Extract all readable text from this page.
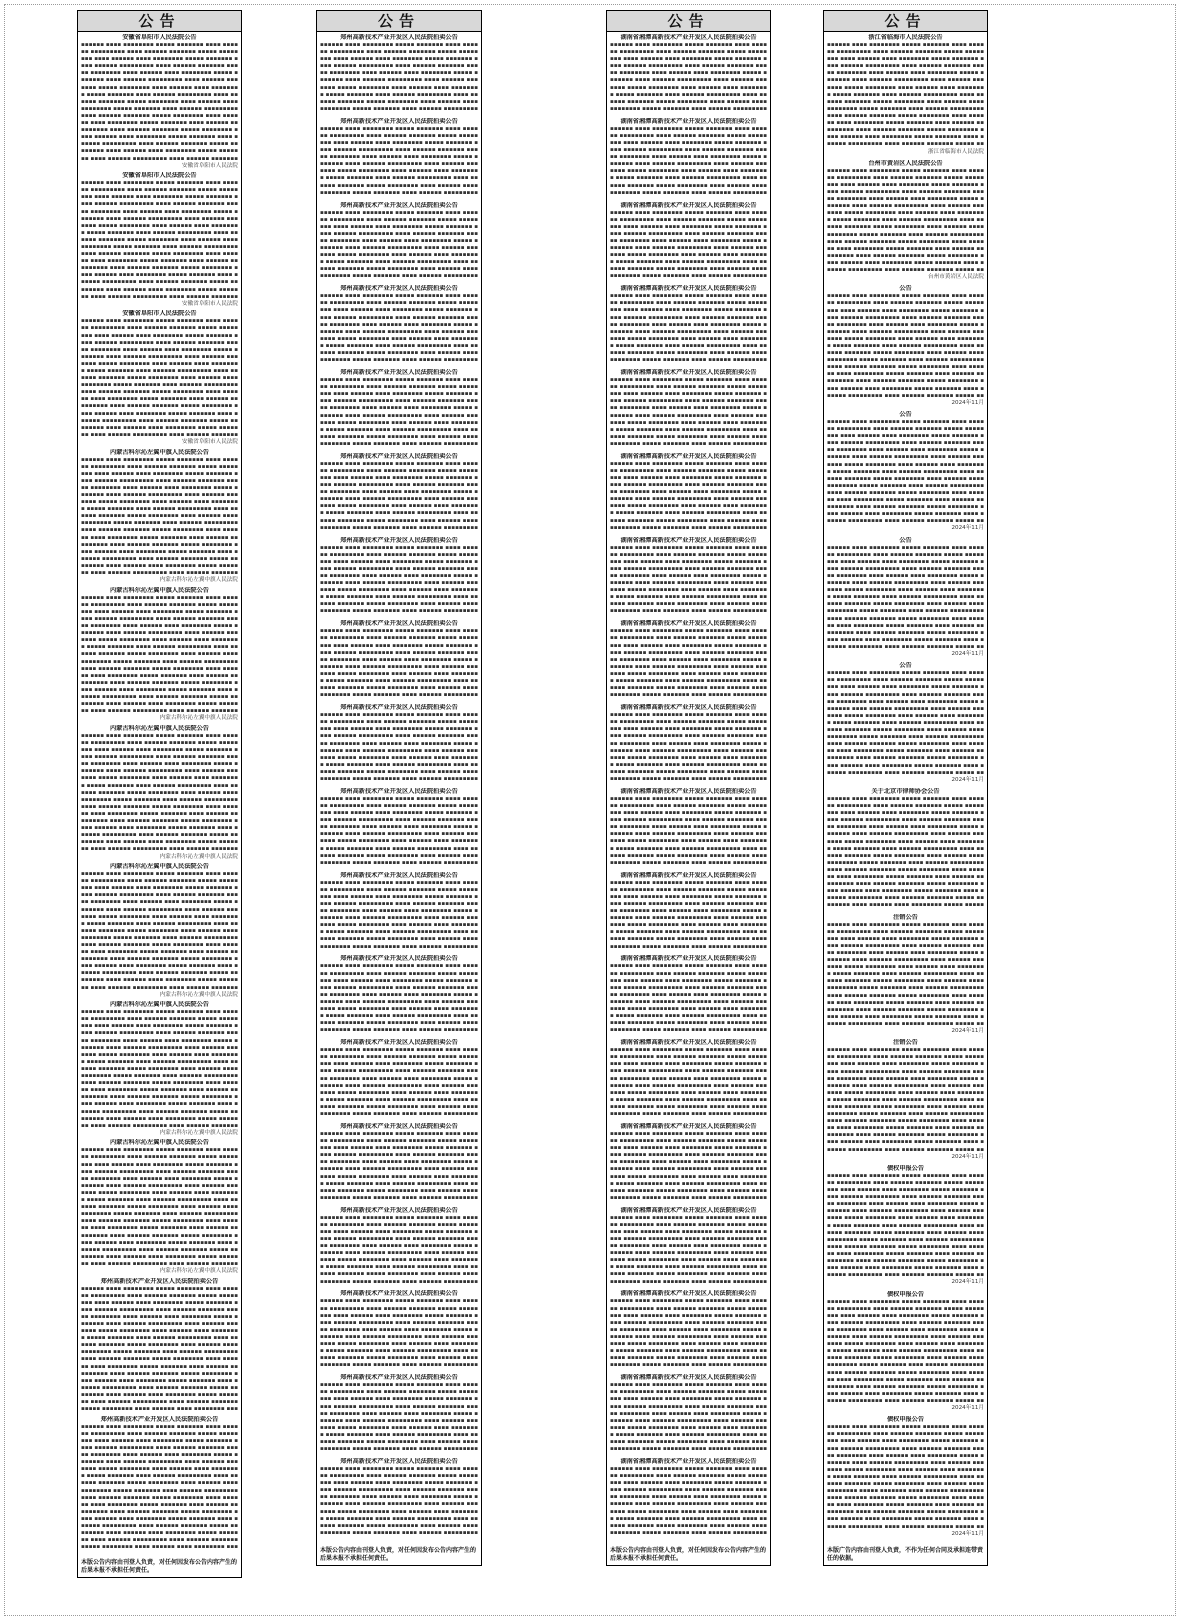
公告
安徽省阜阳市人民法院公告
▪▪▪▪▪▪ ▪▪▪▪ ▪▪▪▪▪▪▪▪ ▪▪▪▪▪ ▪▪▪▪▪▪▪ ▪▪▪▪ ▪▪▪▪▪▪ ▪▪▪▪▪▪▪▪▪ ▪▪▪▪ ▪▪▪▪▪▪ ▪▪▪▪▪▪▪ ▪▪▪▪▪ ▪▪▪▪▪▪▪▪ ▪▪▪▪ ▪▪▪▪▪▪ ▪▪▪▪ ▪▪▪▪▪▪▪▪ ▪▪▪▪▪ ▪▪▪▪▪▪▪ ▪▪▪▪ ▪▪▪▪▪▪ ▪▪▪▪▪▪▪▪▪ ▪▪▪▪ ▪▪▪▪▪▪ ▪▪▪▪▪▪▪ ▪▪▪▪▪ ▪▪▪▪▪▪▪▪ ▪▪▪▪ ▪▪▪▪▪▪ ▪▪▪▪ ▪▪▪▪▪▪▪▪ ▪▪▪▪▪ ▪▪▪▪▪▪▪ ▪▪▪▪ ▪▪▪▪▪▪ ▪▪▪▪▪▪▪▪▪ ▪▪▪▪ ▪▪▪▪▪▪ ▪▪▪▪▪▪▪ ▪▪▪▪▪ ▪▪▪▪▪▪▪▪ ▪▪▪▪ ▪▪▪▪▪▪ ▪▪▪▪ ▪▪▪▪▪▪▪▪ ▪▪▪▪▪ ▪▪▪▪▪▪▪ ▪▪▪▪ ▪▪▪▪▪▪ ▪▪▪▪▪▪▪▪▪ ▪▪▪▪ ▪▪▪▪▪▪ ▪▪▪▪▪▪▪ ▪▪▪▪▪ ▪▪▪▪▪▪▪▪ ▪▪▪▪ ▪▪▪▪▪▪ ▪▪▪▪ ▪▪▪▪▪▪▪▪ ▪▪▪▪▪ ▪▪▪▪▪▪▪ ▪▪▪▪ ▪▪▪▪▪▪ ▪▪▪▪▪▪▪▪▪ ▪▪▪▪ ▪▪▪▪▪▪ ▪▪▪▪▪▪▪ ▪▪▪▪▪ ▪▪▪▪▪▪▪▪ ▪▪▪▪ ▪▪▪▪▪▪ ▪▪▪▪ ▪▪▪▪▪▪▪▪ ▪▪▪▪▪ ▪▪▪▪▪▪▪ ▪▪▪▪ ▪▪▪▪▪▪ ▪▪▪▪▪▪▪▪▪ ▪▪▪▪ ▪▪▪▪▪▪ ▪▪▪▪▪▪▪ ▪▪▪▪▪ ▪▪▪▪▪▪▪▪ ▪▪▪▪ ▪▪▪▪▪▪ ▪▪▪▪ ▪▪▪▪▪▪▪▪ ▪▪▪▪▪ ▪▪▪▪▪▪▪ ▪▪▪▪ ▪▪▪▪▪▪ ▪▪▪▪▪▪▪▪▪ ▪▪▪▪ ▪▪▪▪▪▪ ▪▪▪▪▪▪▪ ▪▪▪▪▪ ▪▪▪▪▪▪▪▪ ▪▪▪▪ ▪▪▪▪▪▪ ▪▪▪▪ ▪▪▪▪▪▪▪▪ ▪▪▪▪▪ ▪▪▪▪▪▪▪ ▪▪▪▪ ▪▪▪▪▪▪ ▪▪▪▪▪▪▪▪▪ ▪▪▪▪ ▪▪▪▪▪▪ ▪▪▪▪▪▪▪
安徽省阜阳市人民法院
安徽省阜阳市人民法院公告
▪▪▪▪▪▪ ▪▪▪▪ ▪▪▪▪▪▪▪▪ ▪▪▪▪▪ ▪▪▪▪▪▪▪ ▪▪▪▪ ▪▪▪▪▪▪ ▪▪▪▪▪▪▪▪▪ ▪▪▪▪ ▪▪▪▪▪▪ ▪▪▪▪▪▪▪ ▪▪▪▪▪ ▪▪▪▪▪▪▪▪ ▪▪▪▪ ▪▪▪▪▪▪ ▪▪▪▪ ▪▪▪▪▪▪▪▪ ▪▪▪▪▪ ▪▪▪▪▪▪▪ ▪▪▪▪ ▪▪▪▪▪▪ ▪▪▪▪▪▪▪▪▪ ▪▪▪▪ ▪▪▪▪▪▪ ▪▪▪▪▪▪▪ ▪▪▪▪▪ ▪▪▪▪▪▪▪▪ ▪▪▪▪ ▪▪▪▪▪▪ ▪▪▪▪ ▪▪▪▪▪▪▪▪ ▪▪▪▪▪ ▪▪▪▪▪▪▪ ▪▪▪▪ ▪▪▪▪▪▪ ▪▪▪▪▪▪▪▪▪ ▪▪▪▪ ▪▪▪▪▪▪ ▪▪▪▪▪▪▪ ▪▪▪▪▪ ▪▪▪▪▪▪▪▪ ▪▪▪▪ ▪▪▪▪▪▪ ▪▪▪▪ ▪▪▪▪▪▪▪▪ ▪▪▪▪▪ ▪▪▪▪▪▪▪ ▪▪▪▪ ▪▪▪▪▪▪ ▪▪▪▪▪▪▪▪▪ ▪▪▪▪ ▪▪▪▪▪▪ ▪▪▪▪▪▪▪ ▪▪▪▪▪ ▪▪▪▪▪▪▪▪ ▪▪▪▪ ▪▪▪▪▪▪ ▪▪▪▪ ▪▪▪▪▪▪▪▪ ▪▪▪▪▪ ▪▪▪▪▪▪▪ ▪▪▪▪ ▪▪▪▪▪▪ ▪▪▪▪▪▪▪▪▪ ▪▪▪▪ ▪▪▪▪▪▪ ▪▪▪▪▪▪▪ ▪▪▪▪▪ ▪▪▪▪▪▪▪▪ ▪▪▪▪ ▪▪▪▪▪▪ ▪▪▪▪ ▪▪▪▪▪▪▪▪ ▪▪▪▪▪ ▪▪▪▪▪▪▪ ▪▪▪▪ ▪▪▪▪▪▪ ▪▪▪▪▪▪▪▪▪ ▪▪▪▪ ▪▪▪▪▪▪ ▪▪▪▪▪▪▪ ▪▪▪▪▪ ▪▪▪▪▪▪▪▪ ▪▪▪▪ ▪▪▪▪▪▪ ▪▪▪▪ ▪▪▪▪▪▪▪▪ ▪▪▪▪▪ ▪▪▪▪▪▪▪ ▪▪▪▪ ▪▪▪▪▪▪ ▪▪▪▪▪▪▪▪▪ ▪▪▪▪ ▪▪▪▪▪▪ ▪▪▪▪▪▪▪ ▪▪▪▪▪ ▪▪▪▪▪▪▪▪ ▪▪▪▪ ▪▪▪▪▪▪ ▪▪▪▪ ▪▪▪▪▪▪▪▪ ▪▪▪▪▪ ▪▪▪▪▪▪▪ ▪▪▪▪ ▪▪▪▪▪▪ ▪▪▪▪▪▪▪▪▪ ▪▪▪▪ ▪▪▪▪▪▪ ▪▪▪▪▪▪▪
安徽省阜阳市人民法院
安徽省阜阳市人民法院公告
▪▪▪▪▪▪ ▪▪▪▪ ▪▪▪▪▪▪▪▪ ▪▪▪▪▪ ▪▪▪▪▪▪▪ ▪▪▪▪ ▪▪▪▪▪▪ ▪▪▪▪▪▪▪▪▪ ▪▪▪▪ ▪▪▪▪▪▪ ▪▪▪▪▪▪▪ ▪▪▪▪▪ ▪▪▪▪▪▪▪▪ ▪▪▪▪ ▪▪▪▪▪▪ ▪▪▪▪ ▪▪▪▪▪▪▪▪ ▪▪▪▪▪ ▪▪▪▪▪▪▪ ▪▪▪▪ ▪▪▪▪▪▪ ▪▪▪▪▪▪▪▪▪ ▪▪▪▪ ▪▪▪▪▪▪ ▪▪▪▪▪▪▪ ▪▪▪▪▪ ▪▪▪▪▪▪▪▪ ▪▪▪▪ ▪▪▪▪▪▪ ▪▪▪▪ ▪▪▪▪▪▪▪▪ ▪▪▪▪▪ ▪▪▪▪▪▪▪ ▪▪▪▪ ▪▪▪▪▪▪ ▪▪▪▪▪▪▪▪▪ ▪▪▪▪ ▪▪▪▪▪▪ ▪▪▪▪▪▪▪ ▪▪▪▪▪ ▪▪▪▪▪▪▪▪ ▪▪▪▪ ▪▪▪▪▪▪ ▪▪▪▪ ▪▪▪▪▪▪▪▪ ▪▪▪▪▪ ▪▪▪▪▪▪▪ ▪▪▪▪ ▪▪▪▪▪▪ ▪▪▪▪▪▪▪▪▪ ▪▪▪▪ ▪▪▪▪▪▪ ▪▪▪▪▪▪▪ ▪▪▪▪▪ ▪▪▪▪▪▪▪▪ ▪▪▪▪ ▪▪▪▪▪▪ ▪▪▪▪ ▪▪▪▪▪▪▪▪ ▪▪▪▪▪ ▪▪▪▪▪▪▪ ▪▪▪▪ ▪▪▪▪▪▪ ▪▪▪▪▪▪▪▪▪ ▪▪▪▪ ▪▪▪▪▪▪ ▪▪▪▪▪▪▪ ▪▪▪▪▪ ▪▪▪▪▪▪▪▪ ▪▪▪▪ ▪▪▪▪▪▪ ▪▪▪▪ ▪▪▪▪▪▪▪▪ ▪▪▪▪▪ ▪▪▪▪▪▪▪ ▪▪▪▪ ▪▪▪▪▪▪ ▪▪▪▪▪▪▪▪▪ ▪▪▪▪ ▪▪▪▪▪▪ ▪▪▪▪▪▪▪ ▪▪▪▪▪ ▪▪▪▪▪▪▪▪ ▪▪▪▪ ▪▪▪▪▪▪ ▪▪▪▪ ▪▪▪▪▪▪▪▪ ▪▪▪▪▪ ▪▪▪▪▪▪▪ ▪▪▪▪ ▪▪▪▪▪▪ ▪▪▪▪▪▪▪▪▪ ▪▪▪▪ ▪▪▪▪▪▪ ▪▪▪▪▪▪▪ ▪▪▪▪▪ ▪▪▪▪▪▪▪▪ ▪▪▪▪ ▪▪▪▪▪▪ ▪▪▪▪ ▪▪▪▪▪▪▪▪ ▪▪▪▪▪ ▪▪▪▪▪▪▪ ▪▪▪▪ ▪▪▪▪▪▪ ▪▪▪▪▪▪▪▪▪ ▪▪▪▪ ▪▪▪▪▪▪ ▪▪▪▪▪▪▪
安徽省阜阳市人民法院
内蒙古科尔沁左翼中旗人民法院公告
▪▪▪▪▪▪ ▪▪▪▪ ▪▪▪▪▪▪▪▪ ▪▪▪▪▪ ▪▪▪▪▪▪▪ ▪▪▪▪ ▪▪▪▪▪▪ ▪▪▪▪▪▪▪▪▪ ▪▪▪▪ ▪▪▪▪▪▪ ▪▪▪▪▪▪▪ ▪▪▪▪▪ ▪▪▪▪▪▪▪▪ ▪▪▪▪ ▪▪▪▪▪▪ ▪▪▪▪ ▪▪▪▪▪▪▪▪ ▪▪▪▪▪ ▪▪▪▪▪▪▪ ▪▪▪▪ ▪▪▪▪▪▪ ▪▪▪▪▪▪▪▪▪ ▪▪▪▪ ▪▪▪▪▪▪ ▪▪▪▪▪▪▪ ▪▪▪▪▪ ▪▪▪▪▪▪▪▪ ▪▪▪▪ ▪▪▪▪▪▪ ▪▪▪▪ ▪▪▪▪▪▪▪▪ ▪▪▪▪▪ ▪▪▪▪▪▪▪ ▪▪▪▪ ▪▪▪▪▪▪ ▪▪▪▪▪▪▪▪▪ ▪▪▪▪ ▪▪▪▪▪▪ ▪▪▪▪▪▪▪ ▪▪▪▪▪ ▪▪▪▪▪▪▪▪ ▪▪▪▪ ▪▪▪▪▪▪ ▪▪▪▪ ▪▪▪▪▪▪▪▪ ▪▪▪▪▪ ▪▪▪▪▪▪▪ ▪▪▪▪ ▪▪▪▪▪▪ ▪▪▪▪▪▪▪▪▪ ▪▪▪▪ ▪▪▪▪▪▪ ▪▪▪▪▪▪▪ ▪▪▪▪▪ ▪▪▪▪▪▪▪▪ ▪▪▪▪ ▪▪▪▪▪▪ ▪▪▪▪ ▪▪▪▪▪▪▪▪ ▪▪▪▪▪ ▪▪▪▪▪▪▪ ▪▪▪▪ ▪▪▪▪▪▪ ▪▪▪▪▪▪▪▪▪ ▪▪▪▪ ▪▪▪▪▪▪ ▪▪▪▪▪▪▪ ▪▪▪▪▪ ▪▪▪▪▪▪▪▪ ▪▪▪▪ ▪▪▪▪▪▪ ▪▪▪▪ ▪▪▪▪▪▪▪▪ ▪▪▪▪▪ ▪▪▪▪▪▪▪ ▪▪▪▪ ▪▪▪▪▪▪ ▪▪▪▪▪▪▪▪▪ ▪▪▪▪ ▪▪▪▪▪▪ ▪▪▪▪▪▪▪ ▪▪▪▪▪ ▪▪▪▪▪▪▪▪ ▪▪▪▪ ▪▪▪▪▪▪ ▪▪▪▪ ▪▪▪▪▪▪▪▪ ▪▪▪▪▪ ▪▪▪▪▪▪▪ ▪▪▪▪ ▪▪▪▪▪▪ ▪▪▪▪▪▪▪▪▪ ▪▪▪▪ ▪▪▪▪▪▪ ▪▪▪▪▪▪▪ ▪▪▪▪▪ ▪▪▪▪▪▪▪▪ ▪▪▪▪ ▪▪▪▪▪▪ ▪▪▪▪ ▪▪▪▪▪▪▪▪ ▪▪▪▪▪ ▪▪▪▪▪▪▪ ▪▪▪▪ ▪▪▪▪▪▪ ▪▪▪▪▪▪▪▪▪ ▪▪▪▪ ▪▪▪▪▪▪ ▪▪▪▪▪▪▪
内蒙古科尔沁左翼中旗人民法院
内蒙古科尔沁左翼中旗人民法院公告
▪▪▪▪▪▪ ▪▪▪▪ ▪▪▪▪▪▪▪▪ ▪▪▪▪▪ ▪▪▪▪▪▪▪ ▪▪▪▪ ▪▪▪▪▪▪ ▪▪▪▪▪▪▪▪▪ ▪▪▪▪ ▪▪▪▪▪▪ ▪▪▪▪▪▪▪ ▪▪▪▪▪ ▪▪▪▪▪▪▪▪ ▪▪▪▪ ▪▪▪▪▪▪ ▪▪▪▪ ▪▪▪▪▪▪▪▪ ▪▪▪▪▪ ▪▪▪▪▪▪▪ ▪▪▪▪ ▪▪▪▪▪▪ ▪▪▪▪▪▪▪▪▪ ▪▪▪▪ ▪▪▪▪▪▪ ▪▪▪▪▪▪▪ ▪▪▪▪▪ ▪▪▪▪▪▪▪▪ ▪▪▪▪ ▪▪▪▪▪▪ ▪▪▪▪ ▪▪▪▪▪▪▪▪ ▪▪▪▪▪ ▪▪▪▪▪▪▪ ▪▪▪▪ ▪▪▪▪▪▪ ▪▪▪▪▪▪▪▪▪ ▪▪▪▪ ▪▪▪▪▪▪ ▪▪▪▪▪▪▪ ▪▪▪▪▪ ▪▪▪▪▪▪▪▪ ▪▪▪▪ ▪▪▪▪▪▪ ▪▪▪▪ ▪▪▪▪▪▪▪▪ ▪▪▪▪▪ ▪▪▪▪▪▪▪ ▪▪▪▪ ▪▪▪▪▪▪ ▪▪▪▪▪▪▪▪▪ ▪▪▪▪ ▪▪▪▪▪▪ ▪▪▪▪▪▪▪ ▪▪▪▪▪ ▪▪▪▪▪▪▪▪ ▪▪▪▪ ▪▪▪▪▪▪ ▪▪▪▪ ▪▪▪▪▪▪▪▪ ▪▪▪▪▪ ▪▪▪▪▪▪▪ ▪▪▪▪ ▪▪▪▪▪▪ ▪▪▪▪▪▪▪▪▪ ▪▪▪▪ ▪▪▪▪▪▪ ▪▪▪▪▪▪▪ ▪▪▪▪▪ ▪▪▪▪▪▪▪▪ ▪▪▪▪ ▪▪▪▪▪▪ ▪▪▪▪ ▪▪▪▪▪▪▪▪ ▪▪▪▪▪ ▪▪▪▪▪▪▪ ▪▪▪▪ ▪▪▪▪▪▪ ▪▪▪▪▪▪▪▪▪ ▪▪▪▪ ▪▪▪▪▪▪ ▪▪▪▪▪▪▪ ▪▪▪▪▪ ▪▪▪▪▪▪▪▪ ▪▪▪▪ ▪▪▪▪▪▪ ▪▪▪▪ ▪▪▪▪▪▪▪▪ ▪▪▪▪▪ ▪▪▪▪▪▪▪ ▪▪▪▪ ▪▪▪▪▪▪ ▪▪▪▪▪▪▪▪▪ ▪▪▪▪ ▪▪▪▪▪▪ ▪▪▪▪▪▪▪ ▪▪▪▪▪ ▪▪▪▪▪▪▪▪ ▪▪▪▪ ▪▪▪▪▪▪ ▪▪▪▪ ▪▪▪▪▪▪▪▪ ▪▪▪▪▪ ▪▪▪▪▪▪▪ ▪▪▪▪ ▪▪▪▪▪▪ ▪▪▪▪▪▪▪▪▪ ▪▪▪▪ ▪▪▪▪▪▪ ▪▪▪▪▪▪▪
内蒙古科尔沁左翼中旗人民法院
内蒙古科尔沁左翼中旗人民法院公告
▪▪▪▪▪▪ ▪▪▪▪ ▪▪▪▪▪▪▪▪ ▪▪▪▪▪ ▪▪▪▪▪▪▪ ▪▪▪▪ ▪▪▪▪▪▪ ▪▪▪▪▪▪▪▪▪ ▪▪▪▪ ▪▪▪▪▪▪ ▪▪▪▪▪▪▪ ▪▪▪▪▪ ▪▪▪▪▪▪▪▪ ▪▪▪▪ ▪▪▪▪▪▪ ▪▪▪▪ ▪▪▪▪▪▪▪▪ ▪▪▪▪▪ ▪▪▪▪▪▪▪ ▪▪▪▪ ▪▪▪▪▪▪ ▪▪▪▪▪▪▪▪▪ ▪▪▪▪ ▪▪▪▪▪▪ ▪▪▪▪▪▪▪ ▪▪▪▪▪ ▪▪▪▪▪▪▪▪ ▪▪▪▪ ▪▪▪▪▪▪ ▪▪▪▪ ▪▪▪▪▪▪▪▪ ▪▪▪▪▪ ▪▪▪▪▪▪▪ ▪▪▪▪ ▪▪▪▪▪▪ ▪▪▪▪▪▪▪▪▪ ▪▪▪▪ ▪▪▪▪▪▪ ▪▪▪▪▪▪▪ ▪▪▪▪▪ ▪▪▪▪▪▪▪▪ ▪▪▪▪ ▪▪▪▪▪▪ ▪▪▪▪ ▪▪▪▪▪▪▪▪ ▪▪▪▪▪ ▪▪▪▪▪▪▪ ▪▪▪▪ ▪▪▪▪▪▪ ▪▪▪▪▪▪▪▪▪ ▪▪▪▪ ▪▪▪▪▪▪ ▪▪▪▪▪▪▪ ▪▪▪▪▪ ▪▪▪▪▪▪▪▪ ▪▪▪▪ ▪▪▪▪▪▪ ▪▪▪▪ ▪▪▪▪▪▪▪▪ ▪▪▪▪▪ ▪▪▪▪▪▪▪ ▪▪▪▪ ▪▪▪▪▪▪ ▪▪▪▪▪▪▪▪▪ ▪▪▪▪ ▪▪▪▪▪▪ ▪▪▪▪▪▪▪ ▪▪▪▪▪ ▪▪▪▪▪▪▪▪ ▪▪▪▪ ▪▪▪▪▪▪ ▪▪▪▪ ▪▪▪▪▪▪▪▪ ▪▪▪▪▪ ▪▪▪▪▪▪▪ ▪▪▪▪ ▪▪▪▪▪▪ ▪▪▪▪▪▪▪▪▪ ▪▪▪▪ ▪▪▪▪▪▪ ▪▪▪▪▪▪▪ ▪▪▪▪▪ ▪▪▪▪▪▪▪▪ ▪▪▪▪ ▪▪▪▪▪▪ ▪▪▪▪ ▪▪▪▪▪▪▪▪ ▪▪▪▪▪ ▪▪▪▪▪▪▪ ▪▪▪▪ ▪▪▪▪▪▪ ▪▪▪▪▪▪▪▪▪ ▪▪▪▪ ▪▪▪▪▪▪ ▪▪▪▪▪▪▪ ▪▪▪▪▪ ▪▪▪▪▪▪▪▪ ▪▪▪▪ ▪▪▪▪▪▪ ▪▪▪▪ ▪▪▪▪▪▪▪▪ ▪▪▪▪▪ ▪▪▪▪▪▪▪ ▪▪▪▪ ▪▪▪▪▪▪ ▪▪▪▪▪▪▪▪▪ ▪▪▪▪ ▪▪▪▪▪▪ ▪▪▪▪▪▪▪
内蒙古科尔沁左翼中旗人民法院
内蒙古科尔沁左翼中旗人民法院公告
▪▪▪▪▪▪ ▪▪▪▪ ▪▪▪▪▪▪▪▪ ▪▪▪▪▪ ▪▪▪▪▪▪▪ ▪▪▪▪ ▪▪▪▪▪▪ ▪▪▪▪▪▪▪▪▪ ▪▪▪▪ ▪▪▪▪▪▪ ▪▪▪▪▪▪▪ ▪▪▪▪▪ ▪▪▪▪▪▪▪▪ ▪▪▪▪ ▪▪▪▪▪▪ ▪▪▪▪ ▪▪▪▪▪▪▪▪ ▪▪▪▪▪ ▪▪▪▪▪▪▪ ▪▪▪▪ ▪▪▪▪▪▪ ▪▪▪▪▪▪▪▪▪ ▪▪▪▪ ▪▪▪▪▪▪ ▪▪▪▪▪▪▪ ▪▪▪▪▪ ▪▪▪▪▪▪▪▪ ▪▪▪▪ ▪▪▪▪▪▪ ▪▪▪▪ ▪▪▪▪▪▪▪▪ ▪▪▪▪▪ ▪▪▪▪▪▪▪ ▪▪▪▪ ▪▪▪▪▪▪ ▪▪▪▪▪▪▪▪▪ ▪▪▪▪ ▪▪▪▪▪▪ ▪▪▪▪▪▪▪ ▪▪▪▪▪ ▪▪▪▪▪▪▪▪ ▪▪▪▪ ▪▪▪▪▪▪ ▪▪▪▪ ▪▪▪▪▪▪▪▪ ▪▪▪▪▪ ▪▪▪▪▪▪▪ ▪▪▪▪ ▪▪▪▪▪▪ ▪▪▪▪▪▪▪▪▪ ▪▪▪▪ ▪▪▪▪▪▪ ▪▪▪▪▪▪▪ ▪▪▪▪▪ ▪▪▪▪▪▪▪▪ ▪▪▪▪ ▪▪▪▪▪▪ ▪▪▪▪ ▪▪▪▪▪▪▪▪ ▪▪▪▪▪ ▪▪▪▪▪▪▪ ▪▪▪▪ ▪▪▪▪▪▪ ▪▪▪▪▪▪▪▪▪ ▪▪▪▪ ▪▪▪▪▪▪ ▪▪▪▪▪▪▪ ▪▪▪▪▪ ▪▪▪▪▪▪▪▪ ▪▪▪▪ ▪▪▪▪▪▪ ▪▪▪▪ ▪▪▪▪▪▪▪▪ ▪▪▪▪▪ ▪▪▪▪▪▪▪ ▪▪▪▪ ▪▪▪▪▪▪ ▪▪▪▪▪▪▪▪▪ ▪▪▪▪ ▪▪▪▪▪▪ ▪▪▪▪▪▪▪ ▪▪▪▪▪ ▪▪▪▪▪▪▪▪ ▪▪▪▪ ▪▪▪▪▪▪ ▪▪▪▪ ▪▪▪▪▪▪▪▪ ▪▪▪▪▪ ▪▪▪▪▪▪▪ ▪▪▪▪ ▪▪▪▪▪▪ ▪▪▪▪▪▪▪▪▪ ▪▪▪▪ ▪▪▪▪▪▪ ▪▪▪▪▪▪▪ ▪▪▪▪▪ ▪▪▪▪▪▪▪▪ ▪▪▪▪ ▪▪▪▪▪▪ ▪▪▪▪ ▪▪▪▪▪▪▪▪ ▪▪▪▪▪ ▪▪▪▪▪▪▪ ▪▪▪▪ ▪▪▪▪▪▪ ▪▪▪▪▪▪▪▪▪ ▪▪▪▪ ▪▪▪▪▪▪ ▪▪▪▪▪▪▪
内蒙古科尔沁左翼中旗人民法院
内蒙古科尔沁左翼中旗人民法院公告
▪▪▪▪▪▪ ▪▪▪▪ ▪▪▪▪▪▪▪▪ ▪▪▪▪▪ ▪▪▪▪▪▪▪ ▪▪▪▪ ▪▪▪▪▪▪ ▪▪▪▪▪▪▪▪▪ ▪▪▪▪ ▪▪▪▪▪▪ ▪▪▪▪▪▪▪ ▪▪▪▪▪ ▪▪▪▪▪▪▪▪ ▪▪▪▪ ▪▪▪▪▪▪ ▪▪▪▪ ▪▪▪▪▪▪▪▪ ▪▪▪▪▪ ▪▪▪▪▪▪▪ ▪▪▪▪ ▪▪▪▪▪▪ ▪▪▪▪▪▪▪▪▪ ▪▪▪▪ ▪▪▪▪▪▪ ▪▪▪▪▪▪▪ ▪▪▪▪▪ ▪▪▪▪▪▪▪▪ ▪▪▪▪ ▪▪▪▪▪▪ ▪▪▪▪ ▪▪▪▪▪▪▪▪ ▪▪▪▪▪ ▪▪▪▪▪▪▪ ▪▪▪▪ ▪▪▪▪▪▪ ▪▪▪▪▪▪▪▪▪ ▪▪▪▪ ▪▪▪▪▪▪ ▪▪▪▪▪▪▪ ▪▪▪▪▪ ▪▪▪▪▪▪▪▪ ▪▪▪▪ ▪▪▪▪▪▪ ▪▪▪▪ ▪▪▪▪▪▪▪▪ ▪▪▪▪▪ ▪▪▪▪▪▪▪ ▪▪▪▪ ▪▪▪▪▪▪ ▪▪▪▪▪▪▪▪▪ ▪▪▪▪ ▪▪▪▪▪▪ ▪▪▪▪▪▪▪ ▪▪▪▪▪ ▪▪▪▪▪▪▪▪ ▪▪▪▪ ▪▪▪▪▪▪ ▪▪▪▪ ▪▪▪▪▪▪▪▪ ▪▪▪▪▪ ▪▪▪▪▪▪▪ ▪▪▪▪ ▪▪▪▪▪▪ ▪▪▪▪▪▪▪▪▪ ▪▪▪▪ ▪▪▪▪▪▪ ▪▪▪▪▪▪▪ ▪▪▪▪▪ ▪▪▪▪▪▪▪▪ ▪▪▪▪ ▪▪▪▪▪▪ ▪▪▪▪ ▪▪▪▪▪▪▪▪ ▪▪▪▪▪ ▪▪▪▪▪▪▪ ▪▪▪▪ ▪▪▪▪▪▪ ▪▪▪▪▪▪▪▪▪ ▪▪▪▪ ▪▪▪▪▪▪ ▪▪▪▪▪▪▪ ▪▪▪▪▪ ▪▪▪▪▪▪▪▪ ▪▪▪▪ ▪▪▪▪▪▪ ▪▪▪▪ ▪▪▪▪▪▪▪▪ ▪▪▪▪▪ ▪▪▪▪▪▪▪ ▪▪▪▪ ▪▪▪▪▪▪ ▪▪▪▪▪▪▪▪▪ ▪▪▪▪ ▪▪▪▪▪▪ ▪▪▪▪▪▪▪ ▪▪▪▪▪ ▪▪▪▪▪▪▪▪ ▪▪▪▪ ▪▪▪▪▪▪ ▪▪▪▪ ▪▪▪▪▪▪▪▪ ▪▪▪▪▪ ▪▪▪▪▪▪▪ ▪▪▪▪ ▪▪▪▪▪▪ ▪▪▪▪▪▪▪▪▪ ▪▪▪▪ ▪▪▪▪▪▪ ▪▪▪▪▪▪▪
内蒙古科尔沁左翼中旗人民法院
内蒙古科尔沁左翼中旗人民法院公告
▪▪▪▪▪▪ ▪▪▪▪ ▪▪▪▪▪▪▪▪ ▪▪▪▪▪ ▪▪▪▪▪▪▪ ▪▪▪▪ ▪▪▪▪▪▪ ▪▪▪▪▪▪▪▪▪ ▪▪▪▪ ▪▪▪▪▪▪ ▪▪▪▪▪▪▪ ▪▪▪▪▪ ▪▪▪▪▪▪▪▪ ▪▪▪▪ ▪▪▪▪▪▪ ▪▪▪▪ ▪▪▪▪▪▪▪▪ ▪▪▪▪▪ ▪▪▪▪▪▪▪ ▪▪▪▪ ▪▪▪▪▪▪ ▪▪▪▪▪▪▪▪▪ ▪▪▪▪ ▪▪▪▪▪▪ ▪▪▪▪▪▪▪ ▪▪▪▪▪ ▪▪▪▪▪▪▪▪ ▪▪▪▪ ▪▪▪▪▪▪ ▪▪▪▪ ▪▪▪▪▪▪▪▪ ▪▪▪▪▪ ▪▪▪▪▪▪▪ ▪▪▪▪ ▪▪▪▪▪▪ ▪▪▪▪▪▪▪▪▪ ▪▪▪▪ ▪▪▪▪▪▪ ▪▪▪▪▪▪▪ ▪▪▪▪▪ ▪▪▪▪▪▪▪▪ ▪▪▪▪ ▪▪▪▪▪▪ ▪▪▪▪ ▪▪▪▪▪▪▪▪ ▪▪▪▪▪ ▪▪▪▪▪▪▪ ▪▪▪▪ ▪▪▪▪▪▪ ▪▪▪▪▪▪▪▪▪ ▪▪▪▪ ▪▪▪▪▪▪ ▪▪▪▪▪▪▪ ▪▪▪▪▪ ▪▪▪▪▪▪▪▪ ▪▪▪▪ ▪▪▪▪▪▪ ▪▪▪▪ ▪▪▪▪▪▪▪▪ ▪▪▪▪▪ ▪▪▪▪▪▪▪ ▪▪▪▪ ▪▪▪▪▪▪ ▪▪▪▪▪▪▪▪▪ ▪▪▪▪ ▪▪▪▪▪▪ ▪▪▪▪▪▪▪ ▪▪▪▪▪ ▪▪▪▪▪▪▪▪ ▪▪▪▪ ▪▪▪▪▪▪ ▪▪▪▪ ▪▪▪▪▪▪▪▪ ▪▪▪▪▪ ▪▪▪▪▪▪▪ ▪▪▪▪ ▪▪▪▪▪▪ ▪▪▪▪▪▪▪▪▪ ▪▪▪▪ ▪▪▪▪▪▪ ▪▪▪▪▪▪▪ ▪▪▪▪▪ ▪▪▪▪▪▪▪▪ ▪▪▪▪ ▪▪▪▪▪▪ ▪▪▪▪ ▪▪▪▪▪▪▪▪ ▪▪▪▪▪ ▪▪▪▪▪▪▪ ▪▪▪▪ ▪▪▪▪▪▪ ▪▪▪▪▪▪▪▪▪ ▪▪▪▪ ▪▪▪▪▪▪ ▪▪▪▪▪▪▪ ▪▪▪▪▪ ▪▪▪▪▪▪▪▪ ▪▪▪▪ ▪▪▪▪▪▪ ▪▪▪▪ ▪▪▪▪▪▪▪▪ ▪▪▪▪▪ ▪▪▪▪▪▪▪ ▪▪▪▪ ▪▪▪▪▪▪ ▪▪▪▪▪▪▪▪▪ ▪▪▪▪ ▪▪▪▪▪▪ ▪▪▪▪▪▪▪
内蒙古科尔沁左翼中旗人民法院
郑州高新技术产业开发区人民法院拍卖公告
▪▪▪▪▪▪ ▪▪▪▪ ▪▪▪▪▪▪▪▪ ▪▪▪▪▪ ▪▪▪▪▪▪▪ ▪▪▪▪ ▪▪▪▪▪▪ ▪▪▪▪▪▪▪▪▪ ▪▪▪▪ ▪▪▪▪▪▪ ▪▪▪▪▪▪▪ ▪▪▪▪▪ ▪▪▪▪▪▪▪▪ ▪▪▪▪ ▪▪▪▪▪▪ ▪▪▪▪ ▪▪▪▪▪▪▪▪ ▪▪▪▪▪ ▪▪▪▪▪▪▪ ▪▪▪▪ ▪▪▪▪▪▪ ▪▪▪▪▪▪▪▪▪ ▪▪▪▪ ▪▪▪▪▪▪ ▪▪▪▪▪▪▪ ▪▪▪▪▪ ▪▪▪▪▪▪▪▪ ▪▪▪▪ ▪▪▪▪▪▪ ▪▪▪▪ ▪▪▪▪▪▪▪▪ ▪▪▪▪▪ ▪▪▪▪▪▪▪ ▪▪▪▪ ▪▪▪▪▪▪ ▪▪▪▪▪▪▪▪▪ ▪▪▪▪ ▪▪▪▪▪▪ ▪▪▪▪▪▪▪ ▪▪▪▪▪ ▪▪▪▪▪▪▪▪ ▪▪▪▪ ▪▪▪▪▪▪ ▪▪▪▪ ▪▪▪▪▪▪▪▪ ▪▪▪▪▪ ▪▪▪▪▪▪▪ ▪▪▪▪ ▪▪▪▪▪▪ ▪▪▪▪▪▪▪▪▪ ▪▪▪▪ ▪▪▪▪▪▪ ▪▪▪▪▪▪▪ ▪▪▪▪▪ ▪▪▪▪▪▪▪▪ ▪▪▪▪ ▪▪▪▪▪▪ ▪▪▪▪ ▪▪▪▪▪▪▪▪ ▪▪▪▪▪ ▪▪▪▪▪▪▪ ▪▪▪▪ ▪▪▪▪▪▪ ▪▪▪▪▪▪▪▪▪ ▪▪▪▪ ▪▪▪▪▪▪ ▪▪▪▪▪▪▪ ▪▪▪▪▪ ▪▪▪▪▪▪▪▪ ▪▪▪▪ ▪▪▪▪▪▪ ▪▪▪▪ ▪▪▪▪▪▪▪▪ ▪▪▪▪▪ ▪▪▪▪▪▪▪ ▪▪▪▪ ▪▪▪▪▪▪ ▪▪▪▪▪▪▪▪▪ ▪▪▪▪ ▪▪▪▪▪▪ ▪▪▪▪▪▪▪ ▪▪▪▪▪ ▪▪▪▪▪▪▪▪ ▪▪▪▪ ▪▪▪▪▪▪ ▪▪▪▪ ▪▪▪▪▪▪▪▪ ▪▪▪▪▪ ▪▪▪▪▪▪▪ ▪▪▪▪ ▪▪▪▪▪▪ ▪▪▪▪▪▪▪▪▪ ▪▪▪▪ ▪▪▪▪▪▪ ▪▪▪▪▪▪▪ ▪▪▪▪▪ ▪▪▪▪▪▪▪▪ ▪▪▪▪ ▪▪▪▪▪▪ ▪▪▪▪ ▪▪▪▪▪▪▪▪ ▪▪▪▪▪ ▪▪▪▪▪▪▪ ▪▪▪▪ ▪▪▪▪▪▪ ▪▪▪▪▪▪▪▪▪ ▪▪▪▪ ▪▪▪▪▪▪ ▪▪▪▪▪▪▪ ▪▪▪▪▪ ▪▪▪▪▪▪▪▪ ▪▪▪▪ ▪▪▪▪▪▪ ▪▪▪▪ ▪▪▪▪▪▪▪▪ ▪▪▪
郑州高新技术产业开发区人民法院拍卖公告
▪▪▪▪▪▪ ▪▪▪▪ ▪▪▪▪▪▪▪▪ ▪▪▪▪▪ ▪▪▪▪▪▪▪ ▪▪▪▪ ▪▪▪▪▪▪ ▪▪▪▪▪▪▪▪▪ ▪▪▪▪ ▪▪▪▪▪▪ ▪▪▪▪▪▪▪ ▪▪▪▪▪ ▪▪▪▪▪▪▪▪ ▪▪▪▪ ▪▪▪▪▪▪ ▪▪▪▪ ▪▪▪▪▪▪▪▪ ▪▪▪▪▪ ▪▪▪▪▪▪▪ ▪▪▪▪ ▪▪▪▪▪▪ ▪▪▪▪▪▪▪▪▪ ▪▪▪▪ ▪▪▪▪▪▪ ▪▪▪▪▪▪▪ ▪▪▪▪▪ ▪▪▪▪▪▪▪▪ ▪▪▪▪ ▪▪▪▪▪▪ ▪▪▪▪ ▪▪▪▪▪▪▪▪ ▪▪▪▪▪ ▪▪▪▪▪▪▪ ▪▪▪▪ ▪▪▪▪▪▪ ▪▪▪▪▪▪▪▪▪ ▪▪▪▪ ▪▪▪▪▪▪ ▪▪▪▪▪▪▪ ▪▪▪▪▪ ▪▪▪▪▪▪▪▪ ▪▪▪▪ ▪▪▪▪▪▪ ▪▪▪▪ ▪▪▪▪▪▪▪▪ ▪▪▪▪▪ ▪▪▪▪▪▪▪ ▪▪▪▪ ▪▪▪▪▪▪ ▪▪▪▪▪▪▪▪▪ ▪▪▪▪ ▪▪▪▪▪▪ ▪▪▪▪▪▪▪ ▪▪▪▪▪ ▪▪▪▪▪▪▪▪ ▪▪▪▪ ▪▪▪▪▪▪ ▪▪▪▪ ▪▪▪▪▪▪▪▪ ▪▪▪▪▪ ▪▪▪▪▪▪▪ ▪▪▪▪ ▪▪▪▪▪▪ ▪▪▪▪▪▪▪▪▪ ▪▪▪▪ ▪▪▪▪▪▪ ▪▪▪▪▪▪▪ ▪▪▪▪▪ ▪▪▪▪▪▪▪▪ ▪▪▪▪ ▪▪▪▪▪▪ ▪▪▪▪ ▪▪▪▪▪▪▪▪ ▪▪▪▪▪ ▪▪▪▪▪▪▪ ▪▪▪▪ ▪▪▪▪▪▪ ▪▪▪▪▪▪▪▪▪ ▪▪▪▪ ▪▪▪▪▪▪ ▪▪▪▪▪▪▪ ▪▪▪▪▪ ▪▪▪▪▪▪▪▪ ▪▪▪▪ ▪▪▪▪▪▪ ▪▪▪▪ ▪▪▪▪▪▪▪▪ ▪▪▪▪▪ ▪▪▪▪▪▪▪ ▪▪▪▪ ▪▪▪▪▪▪ ▪▪▪▪▪▪▪▪▪ ▪▪▪▪ ▪▪▪▪▪▪ ▪▪▪▪▪▪▪ ▪▪▪▪▪ ▪▪▪▪▪▪▪▪ ▪▪▪▪ ▪▪▪▪▪▪ ▪▪▪▪ ▪▪▪▪▪▪▪▪ ▪▪▪▪▪ ▪▪▪▪▪▪▪ ▪▪▪▪ ▪▪▪▪▪▪ ▪▪▪▪▪▪▪▪▪ ▪▪▪▪ ▪▪▪▪▪▪ ▪▪▪▪▪▪▪ ▪▪▪▪▪ ▪▪▪▪▪▪▪▪ ▪▪▪▪ ▪▪▪▪▪▪ ▪▪▪▪ ▪▪▪▪▪▪▪▪ ▪▪▪
本版公告内容由刊登人负责，对任何因发布公告内容产生的后果本报不承担任何责任。
公告
郑州高新技术产业开发区人民法院拍卖公告
▪▪▪▪▪▪ ▪▪▪▪ ▪▪▪▪▪▪▪▪ ▪▪▪▪▪ ▪▪▪▪▪▪▪ ▪▪▪▪ ▪▪▪▪▪▪ ▪▪▪▪▪▪▪▪▪ ▪▪▪▪ ▪▪▪▪▪▪ ▪▪▪▪▪▪▪ ▪▪▪▪▪ ▪▪▪▪▪▪▪▪ ▪▪▪▪ ▪▪▪▪▪▪ ▪▪▪▪ ▪▪▪▪▪▪▪▪ ▪▪▪▪▪ ▪▪▪▪▪▪▪ ▪▪▪▪ ▪▪▪▪▪▪ ▪▪▪▪▪▪▪▪▪ ▪▪▪▪ ▪▪▪▪▪▪ ▪▪▪▪▪▪▪ ▪▪▪▪▪ ▪▪▪▪▪▪▪▪ ▪▪▪▪ ▪▪▪▪▪▪ ▪▪▪▪ ▪▪▪▪▪▪▪▪ ▪▪▪▪▪ ▪▪▪▪▪▪▪ ▪▪▪▪ ▪▪▪▪▪▪ ▪▪▪▪▪▪▪▪▪ ▪▪▪▪ ▪▪▪▪▪▪ ▪▪▪▪▪▪▪ ▪▪▪▪▪ ▪▪▪▪▪▪▪▪ ▪▪▪▪ ▪▪▪▪▪▪ ▪▪▪▪ ▪▪▪▪▪▪▪▪ ▪▪▪▪▪ ▪▪▪▪▪▪▪ ▪▪▪▪ ▪▪▪▪▪▪ ▪▪▪▪▪▪▪▪▪ ▪▪▪▪ ▪▪▪▪▪▪ ▪▪▪▪▪▪▪ ▪▪▪▪▪ ▪▪▪▪▪▪▪▪ ▪▪▪▪ ▪▪▪▪▪▪ ▪▪▪▪ ▪▪▪▪▪▪▪▪ ▪▪▪▪▪ ▪▪▪▪▪▪▪ ▪▪▪▪ ▪▪▪▪▪▪ ▪▪▪▪▪▪▪▪▪
郑州高新技术产业开发区人民法院拍卖公告
▪▪▪▪▪▪ ▪▪▪▪ ▪▪▪▪▪▪▪▪ ▪▪▪▪▪ ▪▪▪▪▪▪▪ ▪▪▪▪ ▪▪▪▪▪▪ ▪▪▪▪▪▪▪▪▪ ▪▪▪▪ ▪▪▪▪▪▪ ▪▪▪▪▪▪▪ ▪▪▪▪▪ ▪▪▪▪▪▪▪▪ ▪▪▪▪ ▪▪▪▪▪▪ ▪▪▪▪ ▪▪▪▪▪▪▪▪ ▪▪▪▪▪ ▪▪▪▪▪▪▪ ▪▪▪▪ ▪▪▪▪▪▪ ▪▪▪▪▪▪▪▪▪ ▪▪▪▪ ▪▪▪▪▪▪ ▪▪▪▪▪▪▪ ▪▪▪▪▪ ▪▪▪▪▪▪▪▪ ▪▪▪▪ ▪▪▪▪▪▪ ▪▪▪▪ ▪▪▪▪▪▪▪▪ ▪▪▪▪▪ ▪▪▪▪▪▪▪ ▪▪▪▪ ▪▪▪▪▪▪ ▪▪▪▪▪▪▪▪▪ ▪▪▪▪ ▪▪▪▪▪▪ ▪▪▪▪▪▪▪ ▪▪▪▪▪ ▪▪▪▪▪▪▪▪ ▪▪▪▪ ▪▪▪▪▪▪ ▪▪▪▪ ▪▪▪▪▪▪▪▪ ▪▪▪▪▪ ▪▪▪▪▪▪▪ ▪▪▪▪ ▪▪▪▪▪▪ ▪▪▪▪▪▪▪▪▪ ▪▪▪▪ ▪▪▪▪▪▪ ▪▪▪▪▪▪▪ ▪▪▪▪▪ ▪▪▪▪▪▪▪▪ ▪▪▪▪ ▪▪▪▪▪▪ ▪▪▪▪ ▪▪▪▪▪▪▪▪ ▪▪▪▪▪ ▪▪▪▪▪▪▪ ▪▪▪▪ ▪▪▪▪▪▪ ▪▪▪▪▪▪▪▪▪
郑州高新技术产业开发区人民法院拍卖公告
▪▪▪▪▪▪ ▪▪▪▪ ▪▪▪▪▪▪▪▪ ▪▪▪▪▪ ▪▪▪▪▪▪▪ ▪▪▪▪ ▪▪▪▪▪▪ ▪▪▪▪▪▪▪▪▪ ▪▪▪▪ ▪▪▪▪▪▪ ▪▪▪▪▪▪▪ ▪▪▪▪▪ ▪▪▪▪▪▪▪▪ ▪▪▪▪ ▪▪▪▪▪▪ ▪▪▪▪ ▪▪▪▪▪▪▪▪ ▪▪▪▪▪ ▪▪▪▪▪▪▪ ▪▪▪▪ ▪▪▪▪▪▪ ▪▪▪▪▪▪▪▪▪ ▪▪▪▪ ▪▪▪▪▪▪ ▪▪▪▪▪▪▪ ▪▪▪▪▪ ▪▪▪▪▪▪▪▪ ▪▪▪▪ ▪▪▪▪▪▪ ▪▪▪▪ ▪▪▪▪▪▪▪▪ ▪▪▪▪▪ ▪▪▪▪▪▪▪ ▪▪▪▪ ▪▪▪▪▪▪ ▪▪▪▪▪▪▪▪▪ ▪▪▪▪ ▪▪▪▪▪▪ ▪▪▪▪▪▪▪ ▪▪▪▪▪ ▪▪▪▪▪▪▪▪ ▪▪▪▪ ▪▪▪▪▪▪ ▪▪▪▪ ▪▪▪▪▪▪▪▪ ▪▪▪▪▪ ▪▪▪▪▪▪▪ ▪▪▪▪ ▪▪▪▪▪▪ ▪▪▪▪▪▪▪▪▪ ▪▪▪▪ ▪▪▪▪▪▪ ▪▪▪▪▪▪▪ ▪▪▪▪▪ ▪▪▪▪▪▪▪▪ ▪▪▪▪ ▪▪▪▪▪▪ ▪▪▪▪ ▪▪▪▪▪▪▪▪ ▪▪▪▪▪ ▪▪▪▪▪▪▪ ▪▪▪▪ ▪▪▪▪▪▪ ▪▪▪▪▪▪▪▪▪
郑州高新技术产业开发区人民法院拍卖公告
▪▪▪▪▪▪ ▪▪▪▪ ▪▪▪▪▪▪▪▪ ▪▪▪▪▪ ▪▪▪▪▪▪▪ ▪▪▪▪ ▪▪▪▪▪▪ ▪▪▪▪▪▪▪▪▪ ▪▪▪▪ ▪▪▪▪▪▪ ▪▪▪▪▪▪▪ ▪▪▪▪▪ ▪▪▪▪▪▪▪▪ ▪▪▪▪ ▪▪▪▪▪▪ ▪▪▪▪ ▪▪▪▪▪▪▪▪ ▪▪▪▪▪ ▪▪▪▪▪▪▪ ▪▪▪▪ ▪▪▪▪▪▪ ▪▪▪▪▪▪▪▪▪ ▪▪▪▪ ▪▪▪▪▪▪ ▪▪▪▪▪▪▪ ▪▪▪▪▪ ▪▪▪▪▪▪▪▪ ▪▪▪▪ ▪▪▪▪▪▪ ▪▪▪▪ ▪▪▪▪▪▪▪▪ ▪▪▪▪▪ ▪▪▪▪▪▪▪ ▪▪▪▪ ▪▪▪▪▪▪ ▪▪▪▪▪▪▪▪▪ ▪▪▪▪ ▪▪▪▪▪▪ ▪▪▪▪▪▪▪ ▪▪▪▪▪ ▪▪▪▪▪▪▪▪ ▪▪▪▪ ▪▪▪▪▪▪ ▪▪▪▪ ▪▪▪▪▪▪▪▪ ▪▪▪▪▪ ▪▪▪▪▪▪▪ ▪▪▪▪ ▪▪▪▪▪▪ ▪▪▪▪▪▪▪▪▪ ▪▪▪▪ ▪▪▪▪▪▪ ▪▪▪▪▪▪▪ ▪▪▪▪▪ ▪▪▪▪▪▪▪▪ ▪▪▪▪ ▪▪▪▪▪▪ ▪▪▪▪ ▪▪▪▪▪▪▪▪ ▪▪▪▪▪ ▪▪▪▪▪▪▪ ▪▪▪▪ ▪▪▪▪▪▪ ▪▪▪▪▪▪▪▪▪
郑州高新技术产业开发区人民法院拍卖公告
▪▪▪▪▪▪ ▪▪▪▪ ▪▪▪▪▪▪▪▪ ▪▪▪▪▪ ▪▪▪▪▪▪▪ ▪▪▪▪ ▪▪▪▪▪▪ ▪▪▪▪▪▪▪▪▪ ▪▪▪▪ ▪▪▪▪▪▪ ▪▪▪▪▪▪▪ ▪▪▪▪▪ ▪▪▪▪▪▪▪▪ ▪▪▪▪ ▪▪▪▪▪▪ ▪▪▪▪ ▪▪▪▪▪▪▪▪ ▪▪▪▪▪ ▪▪▪▪▪▪▪ ▪▪▪▪ ▪▪▪▪▪▪ ▪▪▪▪▪▪▪▪▪ ▪▪▪▪ ▪▪▪▪▪▪ ▪▪▪▪▪▪▪ ▪▪▪▪▪ ▪▪▪▪▪▪▪▪ ▪▪▪▪ ▪▪▪▪▪▪ ▪▪▪▪ ▪▪▪▪▪▪▪▪ ▪▪▪▪▪ ▪▪▪▪▪▪▪ ▪▪▪▪ ▪▪▪▪▪▪ ▪▪▪▪▪▪▪▪▪ ▪▪▪▪ ▪▪▪▪▪▪ ▪▪▪▪▪▪▪ ▪▪▪▪▪ ▪▪▪▪▪▪▪▪ ▪▪▪▪ ▪▪▪▪▪▪ ▪▪▪▪ ▪▪▪▪▪▪▪▪ ▪▪▪▪▪ ▪▪▪▪▪▪▪ ▪▪▪▪ ▪▪▪▪▪▪ ▪▪▪▪▪▪▪▪▪ ▪▪▪▪ ▪▪▪▪▪▪ ▪▪▪▪▪▪▪ ▪▪▪▪▪ ▪▪▪▪▪▪▪▪ ▪▪▪▪ ▪▪▪▪▪▪ ▪▪▪▪ ▪▪▪▪▪▪▪▪ ▪▪▪▪▪ ▪▪▪▪▪▪▪ ▪▪▪▪ ▪▪▪▪▪▪ ▪▪▪▪▪▪▪▪▪
郑州高新技术产业开发区人民法院拍卖公告
▪▪▪▪▪▪ ▪▪▪▪ ▪▪▪▪▪▪▪▪ ▪▪▪▪▪ ▪▪▪▪▪▪▪ ▪▪▪▪ ▪▪▪▪▪▪ ▪▪▪▪▪▪▪▪▪ ▪▪▪▪ ▪▪▪▪▪▪ ▪▪▪▪▪▪▪ ▪▪▪▪▪ ▪▪▪▪▪▪▪▪ ▪▪▪▪ ▪▪▪▪▪▪ ▪▪▪▪ ▪▪▪▪▪▪▪▪ ▪▪▪▪▪ ▪▪▪▪▪▪▪ ▪▪▪▪ ▪▪▪▪▪▪ ▪▪▪▪▪▪▪▪▪ ▪▪▪▪ ▪▪▪▪▪▪ ▪▪▪▪▪▪▪ ▪▪▪▪▪ ▪▪▪▪▪▪▪▪ ▪▪▪▪ ▪▪▪▪▪▪ ▪▪▪▪ ▪▪▪▪▪▪▪▪ ▪▪▪▪▪ ▪▪▪▪▪▪▪ ▪▪▪▪ ▪▪▪▪▪▪ ▪▪▪▪▪▪▪▪▪ ▪▪▪▪ ▪▪▪▪▪▪ ▪▪▪▪▪▪▪ ▪▪▪▪▪ ▪▪▪▪▪▪▪▪ ▪▪▪▪ ▪▪▪▪▪▪ ▪▪▪▪ ▪▪▪▪▪▪▪▪ ▪▪▪▪▪ ▪▪▪▪▪▪▪ ▪▪▪▪ ▪▪▪▪▪▪ ▪▪▪▪▪▪▪▪▪ ▪▪▪▪ ▪▪▪▪▪▪ ▪▪▪▪▪▪▪ ▪▪▪▪▪ ▪▪▪▪▪▪▪▪ ▪▪▪▪ ▪▪▪▪▪▪ ▪▪▪▪ ▪▪▪▪▪▪▪▪ ▪▪▪▪▪ ▪▪▪▪▪▪▪ ▪▪▪▪ ▪▪▪▪▪▪ ▪▪▪▪▪▪▪▪▪
郑州高新技术产业开发区人民法院拍卖公告
▪▪▪▪▪▪ ▪▪▪▪ ▪▪▪▪▪▪▪▪ ▪▪▪▪▪ ▪▪▪▪▪▪▪ ▪▪▪▪ ▪▪▪▪▪▪ ▪▪▪▪▪▪▪▪▪ ▪▪▪▪ ▪▪▪▪▪▪ ▪▪▪▪▪▪▪ ▪▪▪▪▪ ▪▪▪▪▪▪▪▪ ▪▪▪▪ ▪▪▪▪▪▪ ▪▪▪▪ ▪▪▪▪▪▪▪▪ ▪▪▪▪▪ ▪▪▪▪▪▪▪ ▪▪▪▪ ▪▪▪▪▪▪ ▪▪▪▪▪▪▪▪▪ ▪▪▪▪ ▪▪▪▪▪▪ ▪▪▪▪▪▪▪ ▪▪▪▪▪ ▪▪▪▪▪▪▪▪ ▪▪▪▪ ▪▪▪▪▪▪ ▪▪▪▪ ▪▪▪▪▪▪▪▪ ▪▪▪▪▪ ▪▪▪▪▪▪▪ ▪▪▪▪ ▪▪▪▪▪▪ ▪▪▪▪▪▪▪▪▪ ▪▪▪▪ ▪▪▪▪▪▪ ▪▪▪▪▪▪▪ ▪▪▪▪▪ ▪▪▪▪▪▪▪▪ ▪▪▪▪ ▪▪▪▪▪▪ ▪▪▪▪ ▪▪▪▪▪▪▪▪ ▪▪▪▪▪ ▪▪▪▪▪▪▪ ▪▪▪▪ ▪▪▪▪▪▪ ▪▪▪▪▪▪▪▪▪ ▪▪▪▪ ▪▪▪▪▪▪ ▪▪▪▪▪▪▪ ▪▪▪▪▪ ▪▪▪▪▪▪▪▪ ▪▪▪▪ ▪▪▪▪▪▪ ▪▪▪▪ ▪▪▪▪▪▪▪▪ ▪▪▪▪▪ ▪▪▪▪▪▪▪ ▪▪▪▪ ▪▪▪▪▪▪ ▪▪▪▪▪▪▪▪▪
郑州高新技术产业开发区人民法院拍卖公告
▪▪▪▪▪▪ ▪▪▪▪ ▪▪▪▪▪▪▪▪ ▪▪▪▪▪ ▪▪▪▪▪▪▪ ▪▪▪▪ ▪▪▪▪▪▪ ▪▪▪▪▪▪▪▪▪ ▪▪▪▪ ▪▪▪▪▪▪ ▪▪▪▪▪▪▪ ▪▪▪▪▪ ▪▪▪▪▪▪▪▪ ▪▪▪▪ ▪▪▪▪▪▪ ▪▪▪▪ ▪▪▪▪▪▪▪▪ ▪▪▪▪▪ ▪▪▪▪▪▪▪ ▪▪▪▪ ▪▪▪▪▪▪ ▪▪▪▪▪▪▪▪▪ ▪▪▪▪ ▪▪▪▪▪▪ ▪▪▪▪▪▪▪ ▪▪▪▪▪ ▪▪▪▪▪▪▪▪ ▪▪▪▪ ▪▪▪▪▪▪ ▪▪▪▪ ▪▪▪▪▪▪▪▪ ▪▪▪▪▪ ▪▪▪▪▪▪▪ ▪▪▪▪ ▪▪▪▪▪▪ ▪▪▪▪▪▪▪▪▪ ▪▪▪▪ ▪▪▪▪▪▪ ▪▪▪▪▪▪▪ ▪▪▪▪▪ ▪▪▪▪▪▪▪▪ ▪▪▪▪ ▪▪▪▪▪▪ ▪▪▪▪ ▪▪▪▪▪▪▪▪ ▪▪▪▪▪ ▪▪▪▪▪▪▪ ▪▪▪▪ ▪▪▪▪▪▪ ▪▪▪▪▪▪▪▪▪ ▪▪▪▪ ▪▪▪▪▪▪ ▪▪▪▪▪▪▪ ▪▪▪▪▪ ▪▪▪▪▪▪▪▪ ▪▪▪▪ ▪▪▪▪▪▪ ▪▪▪▪ ▪▪▪▪▪▪▪▪ ▪▪▪▪▪ ▪▪▪▪▪▪▪ ▪▪▪▪ ▪▪▪▪▪▪ ▪▪▪▪▪▪▪▪▪
郑州高新技术产业开发区人民法院拍卖公告
▪▪▪▪▪▪ ▪▪▪▪ ▪▪▪▪▪▪▪▪ ▪▪▪▪▪ ▪▪▪▪▪▪▪ ▪▪▪▪ ▪▪▪▪▪▪ ▪▪▪▪▪▪▪▪▪ ▪▪▪▪ ▪▪▪▪▪▪ ▪▪▪▪▪▪▪ ▪▪▪▪▪ ▪▪▪▪▪▪▪▪ ▪▪▪▪ ▪▪▪▪▪▪ ▪▪▪▪ ▪▪▪▪▪▪▪▪ ▪▪▪▪▪ ▪▪▪▪▪▪▪ ▪▪▪▪ ▪▪▪▪▪▪ ▪▪▪▪▪▪▪▪▪ ▪▪▪▪ ▪▪▪▪▪▪ ▪▪▪▪▪▪▪ ▪▪▪▪▪ ▪▪▪▪▪▪▪▪ ▪▪▪▪ ▪▪▪▪▪▪ ▪▪▪▪ ▪▪▪▪▪▪▪▪ ▪▪▪▪▪ ▪▪▪▪▪▪▪ ▪▪▪▪ ▪▪▪▪▪▪ ▪▪▪▪▪▪▪▪▪ ▪▪▪▪ ▪▪▪▪▪▪ ▪▪▪▪▪▪▪ ▪▪▪▪▪ ▪▪▪▪▪▪▪▪ ▪▪▪▪ ▪▪▪▪▪▪ ▪▪▪▪ ▪▪▪▪▪▪▪▪ ▪▪▪▪▪ ▪▪▪▪▪▪▪ ▪▪▪▪ ▪▪▪▪▪▪ ▪▪▪▪▪▪▪▪▪ ▪▪▪▪ ▪▪▪▪▪▪ ▪▪▪▪▪▪▪ ▪▪▪▪▪ ▪▪▪▪▪▪▪▪ ▪▪▪▪ ▪▪▪▪▪▪ ▪▪▪▪ ▪▪▪▪▪▪▪▪ ▪▪▪▪▪ ▪▪▪▪▪▪▪ ▪▪▪▪ ▪▪▪▪▪▪ ▪▪▪▪▪▪▪▪▪
郑州高新技术产业开发区人民法院拍卖公告
▪▪▪▪▪▪ ▪▪▪▪ ▪▪▪▪▪▪▪▪ ▪▪▪▪▪ ▪▪▪▪▪▪▪ ▪▪▪▪ ▪▪▪▪▪▪ ▪▪▪▪▪▪▪▪▪ ▪▪▪▪ ▪▪▪▪▪▪ ▪▪▪▪▪▪▪ ▪▪▪▪▪ ▪▪▪▪▪▪▪▪ ▪▪▪▪ ▪▪▪▪▪▪ ▪▪▪▪ ▪▪▪▪▪▪▪▪ ▪▪▪▪▪ ▪▪▪▪▪▪▪ ▪▪▪▪ ▪▪▪▪▪▪ ▪▪▪▪▪▪▪▪▪ ▪▪▪▪ ▪▪▪▪▪▪ ▪▪▪▪▪▪▪ ▪▪▪▪▪ ▪▪▪▪▪▪▪▪ ▪▪▪▪ ▪▪▪▪▪▪ ▪▪▪▪ ▪▪▪▪▪▪▪▪ ▪▪▪▪▪ ▪▪▪▪▪▪▪ ▪▪▪▪ ▪▪▪▪▪▪ ▪▪▪▪▪▪▪▪▪ ▪▪▪▪ ▪▪▪▪▪▪ ▪▪▪▪▪▪▪ ▪▪▪▪▪ ▪▪▪▪▪▪▪▪ ▪▪▪▪ ▪▪▪▪▪▪ ▪▪▪▪ ▪▪▪▪▪▪▪▪ ▪▪▪▪▪ ▪▪▪▪▪▪▪ ▪▪▪▪ ▪▪▪▪▪▪ ▪▪▪▪▪▪▪▪▪ ▪▪▪▪ ▪▪▪▪▪▪ ▪▪▪▪▪▪▪ ▪▪▪▪▪ ▪▪▪▪▪▪▪▪ ▪▪▪▪ ▪▪▪▪▪▪ ▪▪▪▪ ▪▪▪▪▪▪▪▪ ▪▪▪▪▪ ▪▪▪▪▪▪▪ ▪▪▪▪ ▪▪▪▪▪▪ ▪▪▪▪▪▪▪▪▪
郑州高新技术产业开发区人民法院拍卖公告
▪▪▪▪▪▪ ▪▪▪▪ ▪▪▪▪▪▪▪▪ ▪▪▪▪▪ ▪▪▪▪▪▪▪ ▪▪▪▪ ▪▪▪▪▪▪ ▪▪▪▪▪▪▪▪▪ ▪▪▪▪ ▪▪▪▪▪▪ ▪▪▪▪▪▪▪ ▪▪▪▪▪ ▪▪▪▪▪▪▪▪ ▪▪▪▪ ▪▪▪▪▪▪ ▪▪▪▪ ▪▪▪▪▪▪▪▪ ▪▪▪▪▪ ▪▪▪▪▪▪▪ ▪▪▪▪ ▪▪▪▪▪▪ ▪▪▪▪▪▪▪▪▪ ▪▪▪▪ ▪▪▪▪▪▪ ▪▪▪▪▪▪▪ ▪▪▪▪▪ ▪▪▪▪▪▪▪▪ ▪▪▪▪ ▪▪▪▪▪▪ ▪▪▪▪ ▪▪▪▪▪▪▪▪ ▪▪▪▪▪ ▪▪▪▪▪▪▪ ▪▪▪▪ ▪▪▪▪▪▪ ▪▪▪▪▪▪▪▪▪ ▪▪▪▪ ▪▪▪▪▪▪ ▪▪▪▪▪▪▪ ▪▪▪▪▪ ▪▪▪▪▪▪▪▪ ▪▪▪▪ ▪▪▪▪▪▪ ▪▪▪▪ ▪▪▪▪▪▪▪▪ ▪▪▪▪▪ ▪▪▪▪▪▪▪ ▪▪▪▪ ▪▪▪▪▪▪ ▪▪▪▪▪▪▪▪▪ ▪▪▪▪ ▪▪▪▪▪▪ ▪▪▪▪▪▪▪ ▪▪▪▪▪ ▪▪▪▪▪▪▪▪ ▪▪▪▪ ▪▪▪▪▪▪ ▪▪▪▪ ▪▪▪▪▪▪▪▪ ▪▪▪▪▪ ▪▪▪▪▪▪▪ ▪▪▪▪ ▪▪▪▪▪▪ ▪▪▪▪▪▪▪▪▪
郑州高新技术产业开发区人民法院拍卖公告
▪▪▪▪▪▪ ▪▪▪▪ ▪▪▪▪▪▪▪▪ ▪▪▪▪▪ ▪▪▪▪▪▪▪ ▪▪▪▪ ▪▪▪▪▪▪ ▪▪▪▪▪▪▪▪▪ ▪▪▪▪ ▪▪▪▪▪▪ ▪▪▪▪▪▪▪ ▪▪▪▪▪ ▪▪▪▪▪▪▪▪ ▪▪▪▪ ▪▪▪▪▪▪ ▪▪▪▪ ▪▪▪▪▪▪▪▪ ▪▪▪▪▪ ▪▪▪▪▪▪▪ ▪▪▪▪ ▪▪▪▪▪▪ ▪▪▪▪▪▪▪▪▪ ▪▪▪▪ ▪▪▪▪▪▪ ▪▪▪▪▪▪▪ ▪▪▪▪▪ ▪▪▪▪▪▪▪▪ ▪▪▪▪ ▪▪▪▪▪▪ ▪▪▪▪ ▪▪▪▪▪▪▪▪ ▪▪▪▪▪ ▪▪▪▪▪▪▪ ▪▪▪▪ ▪▪▪▪▪▪ ▪▪▪▪▪▪▪▪▪ ▪▪▪▪ ▪▪▪▪▪▪ ▪▪▪▪▪▪▪ ▪▪▪▪▪ ▪▪▪▪▪▪▪▪ ▪▪▪▪ ▪▪▪▪▪▪ ▪▪▪▪ ▪▪▪▪▪▪▪▪ ▪▪▪▪▪ ▪▪▪▪▪▪▪ ▪▪▪▪ ▪▪▪▪▪▪ ▪▪▪▪▪▪▪▪▪ ▪▪▪▪ ▪▪▪▪▪▪ ▪▪▪▪▪▪▪ ▪▪▪▪▪ ▪▪▪▪▪▪▪▪ ▪▪▪▪ ▪▪▪▪▪▪ ▪▪▪▪ ▪▪▪▪▪▪▪▪ ▪▪▪▪▪ ▪▪▪▪▪▪▪ ▪▪▪▪ ▪▪▪▪▪▪ ▪▪▪▪▪▪▪▪▪
郑州高新技术产业开发区人民法院拍卖公告
▪▪▪▪▪▪ ▪▪▪▪ ▪▪▪▪▪▪▪▪ ▪▪▪▪▪ ▪▪▪▪▪▪▪ ▪▪▪▪ ▪▪▪▪▪▪ ▪▪▪▪▪▪▪▪▪ ▪▪▪▪ ▪▪▪▪▪▪ ▪▪▪▪▪▪▪ ▪▪▪▪▪ ▪▪▪▪▪▪▪▪ ▪▪▪▪ ▪▪▪▪▪▪ ▪▪▪▪ ▪▪▪▪▪▪▪▪ ▪▪▪▪▪ ▪▪▪▪▪▪▪ ▪▪▪▪ ▪▪▪▪▪▪ ▪▪▪▪▪▪▪▪▪ ▪▪▪▪ ▪▪▪▪▪▪ ▪▪▪▪▪▪▪ ▪▪▪▪▪ ▪▪▪▪▪▪▪▪ ▪▪▪▪ ▪▪▪▪▪▪ ▪▪▪▪ ▪▪▪▪▪▪▪▪ ▪▪▪▪▪ ▪▪▪▪▪▪▪ ▪▪▪▪ ▪▪▪▪▪▪ ▪▪▪▪▪▪▪▪▪ ▪▪▪▪ ▪▪▪▪▪▪ ▪▪▪▪▪▪▪ ▪▪▪▪▪ ▪▪▪▪▪▪▪▪ ▪▪▪▪ ▪▪▪▪▪▪ ▪▪▪▪ ▪▪▪▪▪▪▪▪ ▪▪▪▪▪ ▪▪▪▪▪▪▪ ▪▪▪▪ ▪▪▪▪▪▪ ▪▪▪▪▪▪▪▪▪ ▪▪▪▪ ▪▪▪▪▪▪ ▪▪▪▪▪▪▪ ▪▪▪▪▪ ▪▪▪▪▪▪▪▪ ▪▪▪▪ ▪▪▪▪▪▪ ▪▪▪▪ ▪▪▪▪▪▪▪▪ ▪▪▪▪▪ ▪▪▪▪▪▪▪ ▪▪▪▪ ▪▪▪▪▪▪ ▪▪▪▪▪▪▪▪▪
郑州高新技术产业开发区人民法院拍卖公告
▪▪▪▪▪▪ ▪▪▪▪ ▪▪▪▪▪▪▪▪ ▪▪▪▪▪ ▪▪▪▪▪▪▪ ▪▪▪▪ ▪▪▪▪▪▪ ▪▪▪▪▪▪▪▪▪ ▪▪▪▪ ▪▪▪▪▪▪ ▪▪▪▪▪▪▪ ▪▪▪▪▪ ▪▪▪▪▪▪▪▪ ▪▪▪▪ ▪▪▪▪▪▪ ▪▪▪▪ ▪▪▪▪▪▪▪▪ ▪▪▪▪▪ ▪▪▪▪▪▪▪ ▪▪▪▪ ▪▪▪▪▪▪ ▪▪▪▪▪▪▪▪▪ ▪▪▪▪ ▪▪▪▪▪▪ ▪▪▪▪▪▪▪ ▪▪▪▪▪ ▪▪▪▪▪▪▪▪ ▪▪▪▪ ▪▪▪▪▪▪ ▪▪▪▪ ▪▪▪▪▪▪▪▪ ▪▪▪▪▪ ▪▪▪▪▪▪▪ ▪▪▪▪ ▪▪▪▪▪▪ ▪▪▪▪▪▪▪▪▪ ▪▪▪▪ ▪▪▪▪▪▪ ▪▪▪▪▪▪▪ ▪▪▪▪▪ ▪▪▪▪▪▪▪▪ ▪▪▪▪ ▪▪▪▪▪▪ ▪▪▪▪ ▪▪▪▪▪▪▪▪ ▪▪▪▪▪ ▪▪▪▪▪▪▪ ▪▪▪▪ ▪▪▪▪▪▪ ▪▪▪▪▪▪▪▪▪ ▪▪▪▪ ▪▪▪▪▪▪ ▪▪▪▪▪▪▪ ▪▪▪▪▪ ▪▪▪▪▪▪▪▪ ▪▪▪▪ ▪▪▪▪▪▪ ▪▪▪▪ ▪▪▪▪▪▪▪▪ ▪▪▪▪▪ ▪▪▪▪▪▪▪ ▪▪▪▪ ▪▪▪▪▪▪ ▪▪▪▪▪▪▪▪▪
郑州高新技术产业开发区人民法院拍卖公告
▪▪▪▪▪▪ ▪▪▪▪ ▪▪▪▪▪▪▪▪ ▪▪▪▪▪ ▪▪▪▪▪▪▪ ▪▪▪▪ ▪▪▪▪▪▪ ▪▪▪▪▪▪▪▪▪ ▪▪▪▪ ▪▪▪▪▪▪ ▪▪▪▪▪▪▪ ▪▪▪▪▪ ▪▪▪▪▪▪▪▪ ▪▪▪▪ ▪▪▪▪▪▪ ▪▪▪▪ ▪▪▪▪▪▪▪▪ ▪▪▪▪▪ ▪▪▪▪▪▪▪ ▪▪▪▪ ▪▪▪▪▪▪ ▪▪▪▪▪▪▪▪▪ ▪▪▪▪ ▪▪▪▪▪▪ ▪▪▪▪▪▪▪ ▪▪▪▪▪ ▪▪▪▪▪▪▪▪ ▪▪▪▪ ▪▪▪▪▪▪ ▪▪▪▪ ▪▪▪▪▪▪▪▪ ▪▪▪▪▪ ▪▪▪▪▪▪▪ ▪▪▪▪ ▪▪▪▪▪▪ ▪▪▪▪▪▪▪▪▪ ▪▪▪▪ ▪▪▪▪▪▪ ▪▪▪▪▪▪▪ ▪▪▪▪▪ ▪▪▪▪▪▪▪▪ ▪▪▪▪ ▪▪▪▪▪▪ ▪▪▪▪ ▪▪▪▪▪▪▪▪ ▪▪▪▪▪ ▪▪▪▪▪▪▪ ▪▪▪▪ ▪▪▪▪▪▪ ▪▪▪▪▪▪▪▪▪ ▪▪▪▪ ▪▪▪▪▪▪ ▪▪▪▪▪▪▪ ▪▪▪▪▪ ▪▪▪▪▪▪▪▪ ▪▪▪▪ ▪▪▪▪▪▪ ▪▪▪▪ ▪▪▪▪▪▪▪▪ ▪▪▪▪▪ ▪▪▪▪▪▪▪ ▪▪▪▪ ▪▪▪▪▪▪ ▪▪▪▪▪▪▪▪▪
郑州高新技术产业开发区人民法院拍卖公告
▪▪▪▪▪▪ ▪▪▪▪ ▪▪▪▪▪▪▪▪ ▪▪▪▪▪ ▪▪▪▪▪▪▪ ▪▪▪▪ ▪▪▪▪▪▪ ▪▪▪▪▪▪▪▪▪ ▪▪▪▪ ▪▪▪▪▪▪ ▪▪▪▪▪▪▪ ▪▪▪▪▪ ▪▪▪▪▪▪▪▪ ▪▪▪▪ ▪▪▪▪▪▪ ▪▪▪▪ ▪▪▪▪▪▪▪▪ ▪▪▪▪▪ ▪▪▪▪▪▪▪ ▪▪▪▪ ▪▪▪▪▪▪ ▪▪▪▪▪▪▪▪▪ ▪▪▪▪ ▪▪▪▪▪▪ ▪▪▪▪▪▪▪ ▪▪▪▪▪ ▪▪▪▪▪▪▪▪ ▪▪▪▪ ▪▪▪▪▪▪ ▪▪▪▪ ▪▪▪▪▪▪▪▪ ▪▪▪▪▪ ▪▪▪▪▪▪▪ ▪▪▪▪ ▪▪▪▪▪▪ ▪▪▪▪▪▪▪▪▪ ▪▪▪▪ ▪▪▪▪▪▪ ▪▪▪▪▪▪▪ ▪▪▪▪▪ ▪▪▪▪▪▪▪▪ ▪▪▪▪ ▪▪▪▪▪▪ ▪▪▪▪ ▪▪▪▪▪▪▪▪ ▪▪▪▪▪ ▪▪▪▪▪▪▪ ▪▪▪▪ ▪▪▪▪▪▪ ▪▪▪▪▪▪▪▪▪ ▪▪▪▪ ▪▪▪▪▪▪ ▪▪▪▪▪▪▪ ▪▪▪▪▪ ▪▪▪▪▪▪▪▪ ▪▪▪▪ ▪▪▪▪▪▪ ▪▪▪▪ ▪▪▪▪▪▪▪▪ ▪▪▪▪▪ ▪▪▪▪▪▪▪ ▪▪▪▪ ▪▪▪▪▪▪ ▪▪▪▪▪▪▪▪▪
郑州高新技术产业开发区人民法院拍卖公告
▪▪▪▪▪▪ ▪▪▪▪ ▪▪▪▪▪▪▪▪ ▪▪▪▪▪ ▪▪▪▪▪▪▪ ▪▪▪▪ ▪▪▪▪▪▪ ▪▪▪▪▪▪▪▪▪ ▪▪▪▪ ▪▪▪▪▪▪ ▪▪▪▪▪▪▪ ▪▪▪▪▪ ▪▪▪▪▪▪▪▪ ▪▪▪▪ ▪▪▪▪▪▪ ▪▪▪▪ ▪▪▪▪▪▪▪▪ ▪▪▪▪▪ ▪▪▪▪▪▪▪ ▪▪▪▪ ▪▪▪▪▪▪ ▪▪▪▪▪▪▪▪▪ ▪▪▪▪ ▪▪▪▪▪▪ ▪▪▪▪▪▪▪ ▪▪▪▪▪ ▪▪▪▪▪▪▪▪ ▪▪▪▪ ▪▪▪▪▪▪ ▪▪▪▪ ▪▪▪▪▪▪▪▪ ▪▪▪▪▪ ▪▪▪▪▪▪▪ ▪▪▪▪ ▪▪▪▪▪▪ ▪▪▪▪▪▪▪▪▪ ▪▪▪▪ ▪▪▪▪▪▪ ▪▪▪▪▪▪▪ ▪▪▪▪▪ ▪▪▪▪▪▪▪▪ ▪▪▪▪ ▪▪▪▪▪▪ ▪▪▪▪ ▪▪▪▪▪▪▪▪ ▪▪▪▪▪ ▪▪▪▪▪▪▪ ▪▪▪▪ ▪▪▪▪▪▪ ▪▪▪▪▪▪▪▪▪ ▪▪▪▪ ▪▪▪▪▪▪ ▪▪▪▪▪▪▪ ▪▪▪▪▪ ▪▪▪▪▪▪▪▪ ▪▪▪▪ ▪▪▪▪▪▪ ▪▪▪▪ ▪▪▪▪▪▪▪▪ ▪▪▪▪▪ ▪▪▪▪▪▪▪ ▪▪▪▪ ▪▪▪▪▪▪ ▪▪▪▪▪▪▪▪▪
郑州高新技术产业开发区人民法院拍卖公告
▪▪▪▪▪▪ ▪▪▪▪ ▪▪▪▪▪▪▪▪ ▪▪▪▪▪ ▪▪▪▪▪▪▪ ▪▪▪▪ ▪▪▪▪▪▪ ▪▪▪▪▪▪▪▪▪ ▪▪▪▪ ▪▪▪▪▪▪ ▪▪▪▪▪▪▪ ▪▪▪▪▪ ▪▪▪▪▪▪▪▪ ▪▪▪▪ ▪▪▪▪▪▪ ▪▪▪▪ ▪▪▪▪▪▪▪▪ ▪▪▪▪▪ ▪▪▪▪▪▪▪ ▪▪▪▪ ▪▪▪▪▪▪ ▪▪▪▪▪▪▪▪▪ ▪▪▪▪ ▪▪▪▪▪▪ ▪▪▪▪▪▪▪ ▪▪▪▪▪ ▪▪▪▪▪▪▪▪ ▪▪▪▪ ▪▪▪▪▪▪ ▪▪▪▪ ▪▪▪▪▪▪▪▪ ▪▪▪▪▪ ▪▪▪▪▪▪▪ ▪▪▪▪ ▪▪▪▪▪▪ ▪▪▪▪▪▪▪▪▪ ▪▪▪▪ ▪▪▪▪▪▪ ▪▪▪▪▪▪▪ ▪▪▪▪▪ ▪▪▪▪▪▪▪▪ ▪▪▪▪ ▪▪▪▪▪▪ ▪▪▪▪ ▪▪▪▪▪▪▪▪ ▪▪▪▪▪ ▪▪▪▪▪▪▪ ▪▪▪▪ ▪▪▪▪▪▪ ▪▪▪▪▪▪▪▪▪ ▪▪▪▪ ▪▪▪▪▪▪ ▪▪▪▪▪▪▪ ▪▪▪▪▪ ▪▪▪▪▪▪▪▪ ▪▪▪▪ ▪▪▪▪▪▪ ▪▪▪▪ ▪▪▪▪▪▪▪▪ ▪▪▪▪▪ ▪▪▪▪▪▪▪ ▪▪▪▪ ▪▪▪▪▪▪ ▪▪▪▪▪▪▪▪▪
本版公告内容由刊登人负责，对任何因发布公告内容产生的后果本报不承担任何责任。
公告
湖南省湘潭高新技术产业开发区人民法院拍卖公告
▪▪▪▪▪▪ ▪▪▪▪ ▪▪▪▪▪▪▪▪ ▪▪▪▪▪ ▪▪▪▪▪▪▪ ▪▪▪▪ ▪▪▪▪▪▪ ▪▪▪▪▪▪▪▪▪ ▪▪▪▪ ▪▪▪▪▪▪ ▪▪▪▪▪▪▪ ▪▪▪▪▪ ▪▪▪▪▪▪▪▪ ▪▪▪▪ ▪▪▪▪▪▪ ▪▪▪▪ ▪▪▪▪▪▪▪▪ ▪▪▪▪▪ ▪▪▪▪▪▪▪ ▪▪▪▪ ▪▪▪▪▪▪ ▪▪▪▪▪▪▪▪▪ ▪▪▪▪ ▪▪▪▪▪▪ ▪▪▪▪▪▪▪ ▪▪▪▪▪ ▪▪▪▪▪▪▪▪ ▪▪▪▪ ▪▪▪▪▪▪ ▪▪▪▪ ▪▪▪▪▪▪▪▪ ▪▪▪▪▪ ▪▪▪▪▪▪▪ ▪▪▪▪ ▪▪▪▪▪▪ ▪▪▪▪▪▪▪▪▪ ▪▪▪▪ ▪▪▪▪▪▪ ▪▪▪▪▪▪▪ ▪▪▪▪▪ ▪▪▪▪▪▪▪▪ ▪▪▪▪ ▪▪▪▪▪▪ ▪▪▪▪ ▪▪▪▪▪▪▪▪ ▪▪▪▪▪ ▪▪▪▪▪▪▪ ▪▪▪▪ ▪▪▪▪▪▪ ▪▪▪▪▪▪▪▪▪ ▪▪▪▪ ▪▪▪▪▪▪ ▪▪▪▪▪▪▪ ▪▪▪▪▪ ▪▪▪▪▪▪▪▪ ▪▪▪▪ ▪▪▪▪▪▪ ▪▪▪▪ ▪▪▪▪▪▪▪▪ ▪▪▪▪▪ ▪▪▪▪▪▪▪ ▪▪▪▪ ▪▪▪▪▪▪ ▪▪▪▪▪▪▪▪▪
湖南省湘潭高新技术产业开发区人民法院拍卖公告
▪▪▪▪▪▪ ▪▪▪▪ ▪▪▪▪▪▪▪▪ ▪▪▪▪▪ ▪▪▪▪▪▪▪ ▪▪▪▪ ▪▪▪▪▪▪ ▪▪▪▪▪▪▪▪▪ ▪▪▪▪ ▪▪▪▪▪▪ ▪▪▪▪▪▪▪ ▪▪▪▪▪ ▪▪▪▪▪▪▪▪ ▪▪▪▪ ▪▪▪▪▪▪ ▪▪▪▪ ▪▪▪▪▪▪▪▪ ▪▪▪▪▪ ▪▪▪▪▪▪▪ ▪▪▪▪ ▪▪▪▪▪▪ ▪▪▪▪▪▪▪▪▪ ▪▪▪▪ ▪▪▪▪▪▪ ▪▪▪▪▪▪▪ ▪▪▪▪▪ ▪▪▪▪▪▪▪▪ ▪▪▪▪ ▪▪▪▪▪▪ ▪▪▪▪ ▪▪▪▪▪▪▪▪ ▪▪▪▪▪ ▪▪▪▪▪▪▪ ▪▪▪▪ ▪▪▪▪▪▪ ▪▪▪▪▪▪▪▪▪ ▪▪▪▪ ▪▪▪▪▪▪ ▪▪▪▪▪▪▪ ▪▪▪▪▪ ▪▪▪▪▪▪▪▪ ▪▪▪▪ ▪▪▪▪▪▪ ▪▪▪▪ ▪▪▪▪▪▪▪▪ ▪▪▪▪▪ ▪▪▪▪▪▪▪ ▪▪▪▪ ▪▪▪▪▪▪ ▪▪▪▪▪▪▪▪▪ ▪▪▪▪ ▪▪▪▪▪▪ ▪▪▪▪▪▪▪ ▪▪▪▪▪ ▪▪▪▪▪▪▪▪ ▪▪▪▪ ▪▪▪▪▪▪ ▪▪▪▪ ▪▪▪▪▪▪▪▪ ▪▪▪▪▪ ▪▪▪▪▪▪▪ ▪▪▪▪ ▪▪▪▪▪▪ ▪▪▪▪▪▪▪▪▪
湖南省湘潭高新技术产业开发区人民法院拍卖公告
▪▪▪▪▪▪ ▪▪▪▪ ▪▪▪▪▪▪▪▪ ▪▪▪▪▪ ▪▪▪▪▪▪▪ ▪▪▪▪ ▪▪▪▪▪▪ ▪▪▪▪▪▪▪▪▪ ▪▪▪▪ ▪▪▪▪▪▪ ▪▪▪▪▪▪▪ ▪▪▪▪▪ ▪▪▪▪▪▪▪▪ ▪▪▪▪ ▪▪▪▪▪▪ ▪▪▪▪ ▪▪▪▪▪▪▪▪ ▪▪▪▪▪ ▪▪▪▪▪▪▪ ▪▪▪▪ ▪▪▪▪▪▪ ▪▪▪▪▪▪▪▪▪ ▪▪▪▪ ▪▪▪▪▪▪ ▪▪▪▪▪▪▪ ▪▪▪▪▪ ▪▪▪▪▪▪▪▪ ▪▪▪▪ ▪▪▪▪▪▪ ▪▪▪▪ ▪▪▪▪▪▪▪▪ ▪▪▪▪▪ ▪▪▪▪▪▪▪ ▪▪▪▪ ▪▪▪▪▪▪ ▪▪▪▪▪▪▪▪▪ ▪▪▪▪ ▪▪▪▪▪▪ ▪▪▪▪▪▪▪ ▪▪▪▪▪ ▪▪▪▪▪▪▪▪ ▪▪▪▪ ▪▪▪▪▪▪ ▪▪▪▪ ▪▪▪▪▪▪▪▪ ▪▪▪▪▪ ▪▪▪▪▪▪▪ ▪▪▪▪ ▪▪▪▪▪▪ ▪▪▪▪▪▪▪▪▪ ▪▪▪▪ ▪▪▪▪▪▪ ▪▪▪▪▪▪▪ ▪▪▪▪▪ ▪▪▪▪▪▪▪▪ ▪▪▪▪ ▪▪▪▪▪▪ ▪▪▪▪ ▪▪▪▪▪▪▪▪ ▪▪▪▪▪ ▪▪▪▪▪▪▪ ▪▪▪▪ ▪▪▪▪▪▪ ▪▪▪▪▪▪▪▪▪
湖南省湘潭高新技术产业开发区人民法院拍卖公告
▪▪▪▪▪▪ ▪▪▪▪ ▪▪▪▪▪▪▪▪ ▪▪▪▪▪ ▪▪▪▪▪▪▪ ▪▪▪▪ ▪▪▪▪▪▪ ▪▪▪▪▪▪▪▪▪ ▪▪▪▪ ▪▪▪▪▪▪ ▪▪▪▪▪▪▪ ▪▪▪▪▪ ▪▪▪▪▪▪▪▪ ▪▪▪▪ ▪▪▪▪▪▪ ▪▪▪▪ ▪▪▪▪▪▪▪▪ ▪▪▪▪▪ ▪▪▪▪▪▪▪ ▪▪▪▪ ▪▪▪▪▪▪ ▪▪▪▪▪▪▪▪▪ ▪▪▪▪ ▪▪▪▪▪▪ ▪▪▪▪▪▪▪ ▪▪▪▪▪ ▪▪▪▪▪▪▪▪ ▪▪▪▪ ▪▪▪▪▪▪ ▪▪▪▪ ▪▪▪▪▪▪▪▪ ▪▪▪▪▪ ▪▪▪▪▪▪▪ ▪▪▪▪ ▪▪▪▪▪▪ ▪▪▪▪▪▪▪▪▪ ▪▪▪▪ ▪▪▪▪▪▪ ▪▪▪▪▪▪▪ ▪▪▪▪▪ ▪▪▪▪▪▪▪▪ ▪▪▪▪ ▪▪▪▪▪▪ ▪▪▪▪ ▪▪▪▪▪▪▪▪ ▪▪▪▪▪ ▪▪▪▪▪▪▪ ▪▪▪▪ ▪▪▪▪▪▪ ▪▪▪▪▪▪▪▪▪ ▪▪▪▪ ▪▪▪▪▪▪ ▪▪▪▪▪▪▪ ▪▪▪▪▪ ▪▪▪▪▪▪▪▪ ▪▪▪▪ ▪▪▪▪▪▪ ▪▪▪▪ ▪▪▪▪▪▪▪▪ ▪▪▪▪▪ ▪▪▪▪▪▪▪ ▪▪▪▪ ▪▪▪▪▪▪ ▪▪▪▪▪▪▪▪▪
湖南省湘潭高新技术产业开发区人民法院拍卖公告
▪▪▪▪▪▪ ▪▪▪▪ ▪▪▪▪▪▪▪▪ ▪▪▪▪▪ ▪▪▪▪▪▪▪ ▪▪▪▪ ▪▪▪▪▪▪ ▪▪▪▪▪▪▪▪▪ ▪▪▪▪ ▪▪▪▪▪▪ ▪▪▪▪▪▪▪ ▪▪▪▪▪ ▪▪▪▪▪▪▪▪ ▪▪▪▪ ▪▪▪▪▪▪ ▪▪▪▪ ▪▪▪▪▪▪▪▪ ▪▪▪▪▪ ▪▪▪▪▪▪▪ ▪▪▪▪ ▪▪▪▪▪▪ ▪▪▪▪▪▪▪▪▪ ▪▪▪▪ ▪▪▪▪▪▪ ▪▪▪▪▪▪▪ ▪▪▪▪▪ ▪▪▪▪▪▪▪▪ ▪▪▪▪ ▪▪▪▪▪▪ ▪▪▪▪ ▪▪▪▪▪▪▪▪ ▪▪▪▪▪ ▪▪▪▪▪▪▪ ▪▪▪▪ ▪▪▪▪▪▪ ▪▪▪▪▪▪▪▪▪ ▪▪▪▪ ▪▪▪▪▪▪ ▪▪▪▪▪▪▪ ▪▪▪▪▪ ▪▪▪▪▪▪▪▪ ▪▪▪▪ ▪▪▪▪▪▪ ▪▪▪▪ ▪▪▪▪▪▪▪▪ ▪▪▪▪▪ ▪▪▪▪▪▪▪ ▪▪▪▪ ▪▪▪▪▪▪ ▪▪▪▪▪▪▪▪▪ ▪▪▪▪ ▪▪▪▪▪▪ ▪▪▪▪▪▪▪ ▪▪▪▪▪ ▪▪▪▪▪▪▪▪ ▪▪▪▪ ▪▪▪▪▪▪ ▪▪▪▪ ▪▪▪▪▪▪▪▪ ▪▪▪▪▪ ▪▪▪▪▪▪▪ ▪▪▪▪ ▪▪▪▪▪▪ ▪▪▪▪▪▪▪▪▪
湖南省湘潭高新技术产业开发区人民法院拍卖公告
▪▪▪▪▪▪ ▪▪▪▪ ▪▪▪▪▪▪▪▪ ▪▪▪▪▪ ▪▪▪▪▪▪▪ ▪▪▪▪ ▪▪▪▪▪▪ ▪▪▪▪▪▪▪▪▪ ▪▪▪▪ ▪▪▪▪▪▪ ▪▪▪▪▪▪▪ ▪▪▪▪▪ ▪▪▪▪▪▪▪▪ ▪▪▪▪ ▪▪▪▪▪▪ ▪▪▪▪ ▪▪▪▪▪▪▪▪ ▪▪▪▪▪ ▪▪▪▪▪▪▪ ▪▪▪▪ ▪▪▪▪▪▪ ▪▪▪▪▪▪▪▪▪ ▪▪▪▪ ▪▪▪▪▪▪ ▪▪▪▪▪▪▪ ▪▪▪▪▪ ▪▪▪▪▪▪▪▪ ▪▪▪▪ ▪▪▪▪▪▪ ▪▪▪▪ ▪▪▪▪▪▪▪▪ ▪▪▪▪▪ ▪▪▪▪▪▪▪ ▪▪▪▪ ▪▪▪▪▪▪ ▪▪▪▪▪▪▪▪▪ ▪▪▪▪ ▪▪▪▪▪▪ ▪▪▪▪▪▪▪ ▪▪▪▪▪ ▪▪▪▪▪▪▪▪ ▪▪▪▪ ▪▪▪▪▪▪ ▪▪▪▪ ▪▪▪▪▪▪▪▪ ▪▪▪▪▪ ▪▪▪▪▪▪▪ ▪▪▪▪ ▪▪▪▪▪▪ ▪▪▪▪▪▪▪▪▪ ▪▪▪▪ ▪▪▪▪▪▪ ▪▪▪▪▪▪▪ ▪▪▪▪▪ ▪▪▪▪▪▪▪▪ ▪▪▪▪ ▪▪▪▪▪▪ ▪▪▪▪ ▪▪▪▪▪▪▪▪ ▪▪▪▪▪ ▪▪▪▪▪▪▪ ▪▪▪▪ ▪▪▪▪▪▪ ▪▪▪▪▪▪▪▪▪
湖南省湘潭高新技术产业开发区人民法院拍卖公告
▪▪▪▪▪▪ ▪▪▪▪ ▪▪▪▪▪▪▪▪ ▪▪▪▪▪ ▪▪▪▪▪▪▪ ▪▪▪▪ ▪▪▪▪▪▪ ▪▪▪▪▪▪▪▪▪ ▪▪▪▪ ▪▪▪▪▪▪ ▪▪▪▪▪▪▪ ▪▪▪▪▪ ▪▪▪▪▪▪▪▪ ▪▪▪▪ ▪▪▪▪▪▪ ▪▪▪▪ ▪▪▪▪▪▪▪▪ ▪▪▪▪▪ ▪▪▪▪▪▪▪ ▪▪▪▪ ▪▪▪▪▪▪ ▪▪▪▪▪▪▪▪▪ ▪▪▪▪ ▪▪▪▪▪▪ ▪▪▪▪▪▪▪ ▪▪▪▪▪ ▪▪▪▪▪▪▪▪ ▪▪▪▪ ▪▪▪▪▪▪ ▪▪▪▪ ▪▪▪▪▪▪▪▪ ▪▪▪▪▪ ▪▪▪▪▪▪▪ ▪▪▪▪ ▪▪▪▪▪▪ ▪▪▪▪▪▪▪▪▪ ▪▪▪▪ ▪▪▪▪▪▪ ▪▪▪▪▪▪▪ ▪▪▪▪▪ ▪▪▪▪▪▪▪▪ ▪▪▪▪ ▪▪▪▪▪▪ ▪▪▪▪ ▪▪▪▪▪▪▪▪ ▪▪▪▪▪ ▪▪▪▪▪▪▪ ▪▪▪▪ ▪▪▪▪▪▪ ▪▪▪▪▪▪▪▪▪ ▪▪▪▪ ▪▪▪▪▪▪ ▪▪▪▪▪▪▪ ▪▪▪▪▪ ▪▪▪▪▪▪▪▪ ▪▪▪▪ ▪▪▪▪▪▪ ▪▪▪▪ ▪▪▪▪▪▪▪▪ ▪▪▪▪▪ ▪▪▪▪▪▪▪ ▪▪▪▪ ▪▪▪▪▪▪ ▪▪▪▪▪▪▪▪▪
湖南省湘潭高新技术产业开发区人民法院拍卖公告
▪▪▪▪▪▪ ▪▪▪▪ ▪▪▪▪▪▪▪▪ ▪▪▪▪▪ ▪▪▪▪▪▪▪ ▪▪▪▪ ▪▪▪▪▪▪ ▪▪▪▪▪▪▪▪▪ ▪▪▪▪ ▪▪▪▪▪▪ ▪▪▪▪▪▪▪ ▪▪▪▪▪ ▪▪▪▪▪▪▪▪ ▪▪▪▪ ▪▪▪▪▪▪ ▪▪▪▪ ▪▪▪▪▪▪▪▪ ▪▪▪▪▪ ▪▪▪▪▪▪▪ ▪▪▪▪ ▪▪▪▪▪▪ ▪▪▪▪▪▪▪▪▪ ▪▪▪▪ ▪▪▪▪▪▪ ▪▪▪▪▪▪▪ ▪▪▪▪▪ ▪▪▪▪▪▪▪▪ ▪▪▪▪ ▪▪▪▪▪▪ ▪▪▪▪ ▪▪▪▪▪▪▪▪ ▪▪▪▪▪ ▪▪▪▪▪▪▪ ▪▪▪▪ ▪▪▪▪▪▪ ▪▪▪▪▪▪▪▪▪ ▪▪▪▪ ▪▪▪▪▪▪ ▪▪▪▪▪▪▪ ▪▪▪▪▪ ▪▪▪▪▪▪▪▪ ▪▪▪▪ ▪▪▪▪▪▪ ▪▪▪▪ ▪▪▪▪▪▪▪▪ ▪▪▪▪▪ ▪▪▪▪▪▪▪ ▪▪▪▪ ▪▪▪▪▪▪ ▪▪▪▪▪▪▪▪▪ ▪▪▪▪ ▪▪▪▪▪▪ ▪▪▪▪▪▪▪ ▪▪▪▪▪ ▪▪▪▪▪▪▪▪ ▪▪▪▪ ▪▪▪▪▪▪ ▪▪▪▪ ▪▪▪▪▪▪▪▪ ▪▪▪▪▪ ▪▪▪▪▪▪▪ ▪▪▪▪ ▪▪▪▪▪▪ ▪▪▪▪▪▪▪▪▪
湖南省湘潭高新技术产业开发区人民法院拍卖公告
▪▪▪▪▪▪ ▪▪▪▪ ▪▪▪▪▪▪▪▪ ▪▪▪▪▪ ▪▪▪▪▪▪▪ ▪▪▪▪ ▪▪▪▪▪▪ ▪▪▪▪▪▪▪▪▪ ▪▪▪▪ ▪▪▪▪▪▪ ▪▪▪▪▪▪▪ ▪▪▪▪▪ ▪▪▪▪▪▪▪▪ ▪▪▪▪ ▪▪▪▪▪▪ ▪▪▪▪ ▪▪▪▪▪▪▪▪ ▪▪▪▪▪ ▪▪▪▪▪▪▪ ▪▪▪▪ ▪▪▪▪▪▪ ▪▪▪▪▪▪▪▪▪ ▪▪▪▪ ▪▪▪▪▪▪ ▪▪▪▪▪▪▪ ▪▪▪▪▪ ▪▪▪▪▪▪▪▪ ▪▪▪▪ ▪▪▪▪▪▪ ▪▪▪▪ ▪▪▪▪▪▪▪▪ ▪▪▪▪▪ ▪▪▪▪▪▪▪ ▪▪▪▪ ▪▪▪▪▪▪ ▪▪▪▪▪▪▪▪▪ ▪▪▪▪ ▪▪▪▪▪▪ ▪▪▪▪▪▪▪ ▪▪▪▪▪ ▪▪▪▪▪▪▪▪ ▪▪▪▪ ▪▪▪▪▪▪ ▪▪▪▪ ▪▪▪▪▪▪▪▪ ▪▪▪▪▪ ▪▪▪▪▪▪▪ ▪▪▪▪ ▪▪▪▪▪▪ ▪▪▪▪▪▪▪▪▪ ▪▪▪▪ ▪▪▪▪▪▪ ▪▪▪▪▪▪▪ ▪▪▪▪▪ ▪▪▪▪▪▪▪▪ ▪▪▪▪ ▪▪▪▪▪▪ ▪▪▪▪ ▪▪▪▪▪▪▪▪ ▪▪▪▪▪ ▪▪▪▪▪▪▪ ▪▪▪▪ ▪▪▪▪▪▪ ▪▪▪▪▪▪▪▪▪
湖南省湘潭高新技术产业开发区人民法院拍卖公告
▪▪▪▪▪▪ ▪▪▪▪ ▪▪▪▪▪▪▪▪ ▪▪▪▪▪ ▪▪▪▪▪▪▪ ▪▪▪▪ ▪▪▪▪▪▪ ▪▪▪▪▪▪▪▪▪ ▪▪▪▪ ▪▪▪▪▪▪ ▪▪▪▪▪▪▪ ▪▪▪▪▪ ▪▪▪▪▪▪▪▪ ▪▪▪▪ ▪▪▪▪▪▪ ▪▪▪▪ ▪▪▪▪▪▪▪▪ ▪▪▪▪▪ ▪▪▪▪▪▪▪ ▪▪▪▪ ▪▪▪▪▪▪ ▪▪▪▪▪▪▪▪▪ ▪▪▪▪ ▪▪▪▪▪▪ ▪▪▪▪▪▪▪ ▪▪▪▪▪ ▪▪▪▪▪▪▪▪ ▪▪▪▪ ▪▪▪▪▪▪ ▪▪▪▪ ▪▪▪▪▪▪▪▪ ▪▪▪▪▪ ▪▪▪▪▪▪▪ ▪▪▪▪ ▪▪▪▪▪▪ ▪▪▪▪▪▪▪▪▪ ▪▪▪▪ ▪▪▪▪▪▪ ▪▪▪▪▪▪▪ ▪▪▪▪▪ ▪▪▪▪▪▪▪▪ ▪▪▪▪ ▪▪▪▪▪▪ ▪▪▪▪ ▪▪▪▪▪▪▪▪ ▪▪▪▪▪ ▪▪▪▪▪▪▪ ▪▪▪▪ ▪▪▪▪▪▪ ▪▪▪▪▪▪▪▪▪ ▪▪▪▪ ▪▪▪▪▪▪ ▪▪▪▪▪▪▪ ▪▪▪▪▪ ▪▪▪▪▪▪▪▪ ▪▪▪▪ ▪▪▪▪▪▪ ▪▪▪▪ ▪▪▪▪▪▪▪▪ ▪▪▪▪▪ ▪▪▪▪▪▪▪ ▪▪▪▪ ▪▪▪▪▪▪ ▪▪▪▪▪▪▪▪▪
湖南省湘潭高新技术产业开发区人民法院拍卖公告
▪▪▪▪▪▪ ▪▪▪▪ ▪▪▪▪▪▪▪▪ ▪▪▪▪▪ ▪▪▪▪▪▪▪ ▪▪▪▪ ▪▪▪▪▪▪ ▪▪▪▪▪▪▪▪▪ ▪▪▪▪ ▪▪▪▪▪▪ ▪▪▪▪▪▪▪ ▪▪▪▪▪ ▪▪▪▪▪▪▪▪ ▪▪▪▪ ▪▪▪▪▪▪ ▪▪▪▪ ▪▪▪▪▪▪▪▪ ▪▪▪▪▪ ▪▪▪▪▪▪▪ ▪▪▪▪ ▪▪▪▪▪▪ ▪▪▪▪▪▪▪▪▪ ▪▪▪▪ ▪▪▪▪▪▪ ▪▪▪▪▪▪▪ ▪▪▪▪▪ ▪▪▪▪▪▪▪▪ ▪▪▪▪ ▪▪▪▪▪▪ ▪▪▪▪ ▪▪▪▪▪▪▪▪ ▪▪▪▪▪ ▪▪▪▪▪▪▪ ▪▪▪▪ ▪▪▪▪▪▪ ▪▪▪▪▪▪▪▪▪ ▪▪▪▪ ▪▪▪▪▪▪ ▪▪▪▪▪▪▪ ▪▪▪▪▪ ▪▪▪▪▪▪▪▪ ▪▪▪▪ ▪▪▪▪▪▪ ▪▪▪▪ ▪▪▪▪▪▪▪▪ ▪▪▪▪▪ ▪▪▪▪▪▪▪ ▪▪▪▪ ▪▪▪▪▪▪ ▪▪▪▪▪▪▪▪▪ ▪▪▪▪ ▪▪▪▪▪▪ ▪▪▪▪▪▪▪ ▪▪▪▪▪ ▪▪▪▪▪▪▪▪ ▪▪▪▪ ▪▪▪▪▪▪ ▪▪▪▪ ▪▪▪▪▪▪▪▪ ▪▪▪▪▪ ▪▪▪▪▪▪▪ ▪▪▪▪ ▪▪▪▪▪▪ ▪▪▪▪▪▪▪▪▪
湖南省湘潭高新技术产业开发区人民法院拍卖公告
▪▪▪▪▪▪ ▪▪▪▪ ▪▪▪▪▪▪▪▪ ▪▪▪▪▪ ▪▪▪▪▪▪▪ ▪▪▪▪ ▪▪▪▪▪▪ ▪▪▪▪▪▪▪▪▪ ▪▪▪▪ ▪▪▪▪▪▪ ▪▪▪▪▪▪▪ ▪▪▪▪▪ ▪▪▪▪▪▪▪▪ ▪▪▪▪ ▪▪▪▪▪▪ ▪▪▪▪ ▪▪▪▪▪▪▪▪ ▪▪▪▪▪ ▪▪▪▪▪▪▪ ▪▪▪▪ ▪▪▪▪▪▪ ▪▪▪▪▪▪▪▪▪ ▪▪▪▪ ▪▪▪▪▪▪ ▪▪▪▪▪▪▪ ▪▪▪▪▪ ▪▪▪▪▪▪▪▪ ▪▪▪▪ ▪▪▪▪▪▪ ▪▪▪▪ ▪▪▪▪▪▪▪▪ ▪▪▪▪▪ ▪▪▪▪▪▪▪ ▪▪▪▪ ▪▪▪▪▪▪ ▪▪▪▪▪▪▪▪▪ ▪▪▪▪ ▪▪▪▪▪▪ ▪▪▪▪▪▪▪ ▪▪▪▪▪ ▪▪▪▪▪▪▪▪ ▪▪▪▪ ▪▪▪▪▪▪ ▪▪▪▪ ▪▪▪▪▪▪▪▪ ▪▪▪▪▪ ▪▪▪▪▪▪▪ ▪▪▪▪ ▪▪▪▪▪▪ ▪▪▪▪▪▪▪▪▪ ▪▪▪▪ ▪▪▪▪▪▪ ▪▪▪▪▪▪▪ ▪▪▪▪▪ ▪▪▪▪▪▪▪▪ ▪▪▪▪ ▪▪▪▪▪▪ ▪▪▪▪ ▪▪▪▪▪▪▪▪ ▪▪▪▪▪ ▪▪▪▪▪▪▪ ▪▪▪▪ ▪▪▪▪▪▪ ▪▪▪▪▪▪▪▪▪
湖南省湘潭高新技术产业开发区人民法院拍卖公告
▪▪▪▪▪▪ ▪▪▪▪ ▪▪▪▪▪▪▪▪ ▪▪▪▪▪ ▪▪▪▪▪▪▪ ▪▪▪▪ ▪▪▪▪▪▪ ▪▪▪▪▪▪▪▪▪ ▪▪▪▪ ▪▪▪▪▪▪ ▪▪▪▪▪▪▪ ▪▪▪▪▪ ▪▪▪▪▪▪▪▪ ▪▪▪▪ ▪▪▪▪▪▪ ▪▪▪▪ ▪▪▪▪▪▪▪▪ ▪▪▪▪▪ ▪▪▪▪▪▪▪ ▪▪▪▪ ▪▪▪▪▪▪ ▪▪▪▪▪▪▪▪▪ ▪▪▪▪ ▪▪▪▪▪▪ ▪▪▪▪▪▪▪ ▪▪▪▪▪ ▪▪▪▪▪▪▪▪ ▪▪▪▪ ▪▪▪▪▪▪ ▪▪▪▪ ▪▪▪▪▪▪▪▪ ▪▪▪▪▪ ▪▪▪▪▪▪▪ ▪▪▪▪ ▪▪▪▪▪▪ ▪▪▪▪▪▪▪▪▪ ▪▪▪▪ ▪▪▪▪▪▪ ▪▪▪▪▪▪▪ ▪▪▪▪▪ ▪▪▪▪▪▪▪▪ ▪▪▪▪ ▪▪▪▪▪▪ ▪▪▪▪ ▪▪▪▪▪▪▪▪ ▪▪▪▪▪ ▪▪▪▪▪▪▪ ▪▪▪▪ ▪▪▪▪▪▪ ▪▪▪▪▪▪▪▪▪ ▪▪▪▪ ▪▪▪▪▪▪ ▪▪▪▪▪▪▪ ▪▪▪▪▪ ▪▪▪▪▪▪▪▪ ▪▪▪▪ ▪▪▪▪▪▪ ▪▪▪▪ ▪▪▪▪▪▪▪▪ ▪▪▪▪▪ ▪▪▪▪▪▪▪ ▪▪▪▪ ▪▪▪▪▪▪ ▪▪▪▪▪▪▪▪▪
湖南省湘潭高新技术产业开发区人民法院拍卖公告
▪▪▪▪▪▪ ▪▪▪▪ ▪▪▪▪▪▪▪▪ ▪▪▪▪▪ ▪▪▪▪▪▪▪ ▪▪▪▪ ▪▪▪▪▪▪ ▪▪▪▪▪▪▪▪▪ ▪▪▪▪ ▪▪▪▪▪▪ ▪▪▪▪▪▪▪ ▪▪▪▪▪ ▪▪▪▪▪▪▪▪ ▪▪▪▪ ▪▪▪▪▪▪ ▪▪▪▪ ▪▪▪▪▪▪▪▪ ▪▪▪▪▪ ▪▪▪▪▪▪▪ ▪▪▪▪ ▪▪▪▪▪▪ ▪▪▪▪▪▪▪▪▪ ▪▪▪▪ ▪▪▪▪▪▪ ▪▪▪▪▪▪▪ ▪▪▪▪▪ ▪▪▪▪▪▪▪▪ ▪▪▪▪ ▪▪▪▪▪▪ ▪▪▪▪ ▪▪▪▪▪▪▪▪ ▪▪▪▪▪ ▪▪▪▪▪▪▪ ▪▪▪▪ ▪▪▪▪▪▪ ▪▪▪▪▪▪▪▪▪ ▪▪▪▪ ▪▪▪▪▪▪ ▪▪▪▪▪▪▪ ▪▪▪▪▪ ▪▪▪▪▪▪▪▪ ▪▪▪▪ ▪▪▪▪▪▪ ▪▪▪▪ ▪▪▪▪▪▪▪▪ ▪▪▪▪▪ ▪▪▪▪▪▪▪ ▪▪▪▪ ▪▪▪▪▪▪ ▪▪▪▪▪▪▪▪▪ ▪▪▪▪ ▪▪▪▪▪▪ ▪▪▪▪▪▪▪ ▪▪▪▪▪ ▪▪▪▪▪▪▪▪ ▪▪▪▪ ▪▪▪▪▪▪ ▪▪▪▪ ▪▪▪▪▪▪▪▪ ▪▪▪▪▪ ▪▪▪▪▪▪▪ ▪▪▪▪ ▪▪▪▪▪▪ ▪▪▪▪▪▪▪▪▪
湖南省湘潭高新技术产业开发区人民法院拍卖公告
▪▪▪▪▪▪ ▪▪▪▪ ▪▪▪▪▪▪▪▪ ▪▪▪▪▪ ▪▪▪▪▪▪▪ ▪▪▪▪ ▪▪▪▪▪▪ ▪▪▪▪▪▪▪▪▪ ▪▪▪▪ ▪▪▪▪▪▪ ▪▪▪▪▪▪▪ ▪▪▪▪▪ ▪▪▪▪▪▪▪▪ ▪▪▪▪ ▪▪▪▪▪▪ ▪▪▪▪ ▪▪▪▪▪▪▪▪ ▪▪▪▪▪ ▪▪▪▪▪▪▪ ▪▪▪▪ ▪▪▪▪▪▪ ▪▪▪▪▪▪▪▪▪ ▪▪▪▪ ▪▪▪▪▪▪ ▪▪▪▪▪▪▪ ▪▪▪▪▪ ▪▪▪▪▪▪▪▪ ▪▪▪▪ ▪▪▪▪▪▪ ▪▪▪▪ ▪▪▪▪▪▪▪▪ ▪▪▪▪▪ ▪▪▪▪▪▪▪ ▪▪▪▪ ▪▪▪▪▪▪ ▪▪▪▪▪▪▪▪▪ ▪▪▪▪ ▪▪▪▪▪▪ ▪▪▪▪▪▪▪ ▪▪▪▪▪ ▪▪▪▪▪▪▪▪ ▪▪▪▪ ▪▪▪▪▪▪ ▪▪▪▪ ▪▪▪▪▪▪▪▪ ▪▪▪▪▪ ▪▪▪▪▪▪▪ ▪▪▪▪ ▪▪▪▪▪▪ ▪▪▪▪▪▪▪▪▪ ▪▪▪▪ ▪▪▪▪▪▪ ▪▪▪▪▪▪▪ ▪▪▪▪▪ ▪▪▪▪▪▪▪▪ ▪▪▪▪ ▪▪▪▪▪▪ ▪▪▪▪ ▪▪▪▪▪▪▪▪ ▪▪▪▪▪ ▪▪▪▪▪▪▪ ▪▪▪▪ ▪▪▪▪▪▪ ▪▪▪▪▪▪▪▪▪
湖南省湘潭高新技术产业开发区人民法院拍卖公告
▪▪▪▪▪▪ ▪▪▪▪ ▪▪▪▪▪▪▪▪ ▪▪▪▪▪ ▪▪▪▪▪▪▪ ▪▪▪▪ ▪▪▪▪▪▪ ▪▪▪▪▪▪▪▪▪ ▪▪▪▪ ▪▪▪▪▪▪ ▪▪▪▪▪▪▪ ▪▪▪▪▪ ▪▪▪▪▪▪▪▪ ▪▪▪▪ ▪▪▪▪▪▪ ▪▪▪▪ ▪▪▪▪▪▪▪▪ ▪▪▪▪▪ ▪▪▪▪▪▪▪ ▪▪▪▪ ▪▪▪▪▪▪ ▪▪▪▪▪▪▪▪▪ ▪▪▪▪ ▪▪▪▪▪▪ ▪▪▪▪▪▪▪ ▪▪▪▪▪ ▪▪▪▪▪▪▪▪ ▪▪▪▪ ▪▪▪▪▪▪ ▪▪▪▪ ▪▪▪▪▪▪▪▪ ▪▪▪▪▪ ▪▪▪▪▪▪▪ ▪▪▪▪ ▪▪▪▪▪▪ ▪▪▪▪▪▪▪▪▪ ▪▪▪▪ ▪▪▪▪▪▪ ▪▪▪▪▪▪▪ ▪▪▪▪▪ ▪▪▪▪▪▪▪▪ ▪▪▪▪ ▪▪▪▪▪▪ ▪▪▪▪ ▪▪▪▪▪▪▪▪ ▪▪▪▪▪ ▪▪▪▪▪▪▪ ▪▪▪▪ ▪▪▪▪▪▪ ▪▪▪▪▪▪▪▪▪ ▪▪▪▪ ▪▪▪▪▪▪ ▪▪▪▪▪▪▪ ▪▪▪▪▪ ▪▪▪▪▪▪▪▪ ▪▪▪▪ ▪▪▪▪▪▪ ▪▪▪▪ ▪▪▪▪▪▪▪▪ ▪▪▪▪▪ ▪▪▪▪▪▪▪ ▪▪▪▪ ▪▪▪▪▪▪ ▪▪▪▪▪▪▪▪▪
湖南省湘潭高新技术产业开发区人民法院拍卖公告
▪▪▪▪▪▪ ▪▪▪▪ ▪▪▪▪▪▪▪▪ ▪▪▪▪▪ ▪▪▪▪▪▪▪ ▪▪▪▪ ▪▪▪▪▪▪ ▪▪▪▪▪▪▪▪▪ ▪▪▪▪ ▪▪▪▪▪▪ ▪▪▪▪▪▪▪ ▪▪▪▪▪ ▪▪▪▪▪▪▪▪ ▪▪▪▪ ▪▪▪▪▪▪ ▪▪▪▪ ▪▪▪▪▪▪▪▪ ▪▪▪▪▪ ▪▪▪▪▪▪▪ ▪▪▪▪ ▪▪▪▪▪▪ ▪▪▪▪▪▪▪▪▪ ▪▪▪▪ ▪▪▪▪▪▪ ▪▪▪▪▪▪▪ ▪▪▪▪▪ ▪▪▪▪▪▪▪▪ ▪▪▪▪ ▪▪▪▪▪▪ ▪▪▪▪ ▪▪▪▪▪▪▪▪ ▪▪▪▪▪ ▪▪▪▪▪▪▪ ▪▪▪▪ ▪▪▪▪▪▪ ▪▪▪▪▪▪▪▪▪ ▪▪▪▪ ▪▪▪▪▪▪ ▪▪▪▪▪▪▪ ▪▪▪▪▪ ▪▪▪▪▪▪▪▪ ▪▪▪▪ ▪▪▪▪▪▪ ▪▪▪▪ ▪▪▪▪▪▪▪▪ ▪▪▪▪▪ ▪▪▪▪▪▪▪ ▪▪▪▪ ▪▪▪▪▪▪ ▪▪▪▪▪▪▪▪▪ ▪▪▪▪ ▪▪▪▪▪▪ ▪▪▪▪▪▪▪ ▪▪▪▪▪ ▪▪▪▪▪▪▪▪ ▪▪▪▪ ▪▪▪▪▪▪ ▪▪▪▪ ▪▪▪▪▪▪▪▪ ▪▪▪▪▪ ▪▪▪▪▪▪▪ ▪▪▪▪ ▪▪▪▪▪▪ ▪▪▪▪▪▪▪▪▪
湖南省湘潭高新技术产业开发区人民法院拍卖公告
▪▪▪▪▪▪ ▪▪▪▪ ▪▪▪▪▪▪▪▪ ▪▪▪▪▪ ▪▪▪▪▪▪▪ ▪▪▪▪ ▪▪▪▪▪▪ ▪▪▪▪▪▪▪▪▪ ▪▪▪▪ ▪▪▪▪▪▪ ▪▪▪▪▪▪▪ ▪▪▪▪▪ ▪▪▪▪▪▪▪▪ ▪▪▪▪ ▪▪▪▪▪▪ ▪▪▪▪ ▪▪▪▪▪▪▪▪ ▪▪▪▪▪ ▪▪▪▪▪▪▪ ▪▪▪▪ ▪▪▪▪▪▪ ▪▪▪▪▪▪▪▪▪ ▪▪▪▪ ▪▪▪▪▪▪ ▪▪▪▪▪▪▪ ▪▪▪▪▪ ▪▪▪▪▪▪▪▪ ▪▪▪▪ ▪▪▪▪▪▪ ▪▪▪▪ ▪▪▪▪▪▪▪▪ ▪▪▪▪▪ ▪▪▪▪▪▪▪ ▪▪▪▪ ▪▪▪▪▪▪ ▪▪▪▪▪▪▪▪▪ ▪▪▪▪ ▪▪▪▪▪▪ ▪▪▪▪▪▪▪ ▪▪▪▪▪ ▪▪▪▪▪▪▪▪ ▪▪▪▪ ▪▪▪▪▪▪ ▪▪▪▪ ▪▪▪▪▪▪▪▪ ▪▪▪▪▪ ▪▪▪▪▪▪▪ ▪▪▪▪ ▪▪▪▪▪▪ ▪▪▪▪▪▪▪▪▪ ▪▪▪▪ ▪▪▪▪▪▪ ▪▪▪▪▪▪▪ ▪▪▪▪▪ ▪▪▪▪▪▪▪▪ ▪▪▪▪ ▪▪▪▪▪▪ ▪▪▪▪ ▪▪▪▪▪▪▪▪ ▪▪▪▪▪ ▪▪▪▪▪▪▪ ▪▪▪▪ ▪▪▪▪▪▪ ▪▪▪▪▪▪▪▪▪
本版公告内容由刊登人负责，对任何因发布公告内容产生的后果本报不承担任何责任。
公告
浙江省临海市人民法院公告
▪▪▪▪▪▪ ▪▪▪▪ ▪▪▪▪▪▪▪▪ ▪▪▪▪▪ ▪▪▪▪▪▪▪ ▪▪▪▪ ▪▪▪▪▪▪ ▪▪▪▪▪▪▪▪▪ ▪▪▪▪ ▪▪▪▪▪▪ ▪▪▪▪▪▪▪ ▪▪▪▪▪ ▪▪▪▪▪▪▪▪ ▪▪▪▪ ▪▪▪▪▪▪ ▪▪▪▪ ▪▪▪▪▪▪▪▪ ▪▪▪▪▪ ▪▪▪▪▪▪▪ ▪▪▪▪ ▪▪▪▪▪▪ ▪▪▪▪▪▪▪▪▪ ▪▪▪▪ ▪▪▪▪▪▪ ▪▪▪▪▪▪▪ ▪▪▪▪▪ ▪▪▪▪▪▪▪▪ ▪▪▪▪ ▪▪▪▪▪▪ ▪▪▪▪ ▪▪▪▪▪▪▪▪ ▪▪▪▪▪ ▪▪▪▪▪▪▪ ▪▪▪▪ ▪▪▪▪▪▪ ▪▪▪▪▪▪▪▪▪ ▪▪▪▪ ▪▪▪▪▪▪ ▪▪▪▪▪▪▪ ▪▪▪▪▪ ▪▪▪▪▪▪▪▪ ▪▪▪▪ ▪▪▪▪▪▪ ▪▪▪▪ ▪▪▪▪▪▪▪▪ ▪▪▪▪▪ ▪▪▪▪▪▪▪ ▪▪▪▪ ▪▪▪▪▪▪ ▪▪▪▪▪▪▪▪▪ ▪▪▪▪ ▪▪▪▪▪▪ ▪▪▪▪▪▪▪ ▪▪▪▪▪ ▪▪▪▪▪▪▪▪ ▪▪▪▪ ▪▪▪▪▪▪ ▪▪▪▪ ▪▪▪▪▪▪▪▪ ▪▪▪▪▪ ▪▪▪▪▪▪▪ ▪▪▪▪ ▪▪▪▪▪▪ ▪▪▪▪▪▪▪▪▪ ▪▪▪▪ ▪▪▪▪▪▪ ▪▪▪▪▪▪▪ ▪▪▪▪▪ ▪▪▪▪▪▪▪▪ ▪▪▪▪ ▪▪▪▪▪▪ ▪▪▪▪ ▪▪▪▪▪▪▪▪ ▪▪▪▪▪ ▪▪▪▪▪▪▪ ▪▪▪▪ ▪▪▪▪▪▪ ▪▪▪▪▪▪▪▪▪ ▪▪▪▪ ▪▪▪▪▪▪ ▪▪▪▪▪▪▪ ▪▪▪▪▪ ▪▪▪▪▪▪▪▪ ▪▪▪▪ ▪▪▪▪▪▪ ▪▪▪▪ ▪▪▪▪▪▪▪▪ ▪▪▪▪▪ ▪▪▪▪▪▪▪ ▪▪▪▪ ▪▪▪▪▪▪ ▪▪▪▪▪▪▪▪▪ ▪▪▪▪ ▪▪▪▪▪▪ ▪▪▪▪▪▪▪ ▪▪▪▪▪ ▪▪
浙江省临海市人民法院
台州市黄岩区人民法院公告
▪▪▪▪▪▪ ▪▪▪▪ ▪▪▪▪▪▪▪▪ ▪▪▪▪▪ ▪▪▪▪▪▪▪ ▪▪▪▪ ▪▪▪▪▪▪ ▪▪▪▪▪▪▪▪▪ ▪▪▪▪ ▪▪▪▪▪▪ ▪▪▪▪▪▪▪ ▪▪▪▪▪ ▪▪▪▪▪▪▪▪ ▪▪▪▪ ▪▪▪▪▪▪ ▪▪▪▪ ▪▪▪▪▪▪▪▪ ▪▪▪▪▪ ▪▪▪▪▪▪▪ ▪▪▪▪ ▪▪▪▪▪▪ ▪▪▪▪▪▪▪▪▪ ▪▪▪▪ ▪▪▪▪▪▪ ▪▪▪▪▪▪▪ ▪▪▪▪▪ ▪▪▪▪▪▪▪▪ ▪▪▪▪ ▪▪▪▪▪▪ ▪▪▪▪ ▪▪▪▪▪▪▪▪ ▪▪▪▪▪ ▪▪▪▪▪▪▪ ▪▪▪▪ ▪▪▪▪▪▪ ▪▪▪▪▪▪▪▪▪ ▪▪▪▪ ▪▪▪▪▪▪ ▪▪▪▪▪▪▪ ▪▪▪▪▪ ▪▪▪▪▪▪▪▪ ▪▪▪▪ ▪▪▪▪▪▪ ▪▪▪▪ ▪▪▪▪▪▪▪▪ ▪▪▪▪▪ ▪▪▪▪▪▪▪ ▪▪▪▪ ▪▪▪▪▪▪ ▪▪▪▪▪▪▪▪▪ ▪▪▪▪ ▪▪▪▪▪▪ ▪▪▪▪▪▪▪ ▪▪▪▪▪ ▪▪▪▪▪▪▪▪ ▪▪▪▪ ▪▪▪▪▪▪ ▪▪▪▪ ▪▪▪▪▪▪▪▪ ▪▪▪▪▪ ▪▪▪▪▪▪▪ ▪▪▪▪ ▪▪▪▪▪▪ ▪▪▪▪▪▪▪▪▪ ▪▪▪▪ ▪▪▪▪▪▪ ▪▪▪▪▪▪▪ ▪▪▪▪▪ ▪▪▪▪▪▪▪▪ ▪▪▪▪ ▪▪▪▪▪▪ ▪▪▪▪ ▪▪▪▪▪▪▪▪ ▪▪▪▪▪ ▪▪▪▪▪▪▪ ▪▪▪▪ ▪▪▪▪▪▪ ▪▪▪▪▪▪▪▪▪ ▪▪▪▪ ▪▪▪▪▪▪ ▪▪▪▪▪▪▪ ▪▪▪▪▪ ▪▪▪▪▪▪▪▪ ▪▪▪▪ ▪▪▪▪▪▪ ▪▪▪▪ ▪▪▪▪▪▪▪▪ ▪▪▪▪▪ ▪▪▪▪▪▪▪ ▪▪▪▪ ▪▪▪▪▪▪ ▪▪▪▪▪▪▪▪▪ ▪▪▪▪ ▪▪▪▪▪▪ ▪▪▪▪▪▪▪ ▪▪▪▪▪ ▪▪
台州市黄岩区人民法院
公告
▪▪▪▪▪▪ ▪▪▪▪ ▪▪▪▪▪▪▪▪ ▪▪▪▪▪ ▪▪▪▪▪▪▪ ▪▪▪▪ ▪▪▪▪▪▪ ▪▪▪▪▪▪▪▪▪ ▪▪▪▪ ▪▪▪▪▪▪ ▪▪▪▪▪▪▪ ▪▪▪▪▪ ▪▪▪▪▪▪▪▪ ▪▪▪▪ ▪▪▪▪▪▪ ▪▪▪▪ ▪▪▪▪▪▪▪▪ ▪▪▪▪▪ ▪▪▪▪▪▪▪ ▪▪▪▪ ▪▪▪▪▪▪ ▪▪▪▪▪▪▪▪▪ ▪▪▪▪ ▪▪▪▪▪▪ ▪▪▪▪▪▪▪ ▪▪▪▪▪ ▪▪▪▪▪▪▪▪ ▪▪▪▪ ▪▪▪▪▪▪ ▪▪▪▪ ▪▪▪▪▪▪▪▪ ▪▪▪▪▪ ▪▪▪▪▪▪▪ ▪▪▪▪ ▪▪▪▪▪▪ ▪▪▪▪▪▪▪▪▪ ▪▪▪▪ ▪▪▪▪▪▪ ▪▪▪▪▪▪▪ ▪▪▪▪▪ ▪▪▪▪▪▪▪▪ ▪▪▪▪ ▪▪▪▪▪▪ ▪▪▪▪ ▪▪▪▪▪▪▪▪ ▪▪▪▪▪ ▪▪▪▪▪▪▪ ▪▪▪▪ ▪▪▪▪▪▪ ▪▪▪▪▪▪▪▪▪ ▪▪▪▪ ▪▪▪▪▪▪ ▪▪▪▪▪▪▪ ▪▪▪▪▪ ▪▪▪▪▪▪▪▪ ▪▪▪▪ ▪▪▪▪▪▪ ▪▪▪▪ ▪▪▪▪▪▪▪▪ ▪▪▪▪▪ ▪▪▪▪▪▪▪ ▪▪▪▪ ▪▪▪▪▪▪ ▪▪▪▪▪▪▪▪▪ ▪▪▪▪ ▪▪▪▪▪▪ ▪▪▪▪▪▪▪ ▪▪▪▪▪ ▪▪▪▪▪▪▪▪ ▪▪▪▪ ▪▪▪▪▪▪ ▪▪▪▪ ▪▪▪▪▪▪▪▪ ▪▪▪▪▪ ▪▪▪▪▪▪▪ ▪▪▪▪ ▪▪▪▪▪▪ ▪▪▪▪▪▪▪▪▪ ▪▪▪▪ ▪▪▪▪▪▪ ▪▪▪▪▪▪▪ ▪▪▪▪▪ ▪▪▪▪▪▪▪▪ ▪▪▪▪ ▪▪▪▪▪▪ ▪▪▪▪ ▪▪▪▪▪▪▪▪ ▪▪▪▪▪ ▪▪▪▪▪▪▪ ▪▪▪▪ ▪▪▪▪▪▪ ▪▪▪▪▪▪▪▪▪ ▪▪▪▪ ▪▪▪▪▪▪ ▪▪▪▪▪▪▪ ▪▪▪▪▪ ▪▪
2024年11月
公告
▪▪▪▪▪▪ ▪▪▪▪ ▪▪▪▪▪▪▪▪ ▪▪▪▪▪ ▪▪▪▪▪▪▪ ▪▪▪▪ ▪▪▪▪▪▪ ▪▪▪▪▪▪▪▪▪ ▪▪▪▪ ▪▪▪▪▪▪ ▪▪▪▪▪▪▪ ▪▪▪▪▪ ▪▪▪▪▪▪▪▪ ▪▪▪▪ ▪▪▪▪▪▪ ▪▪▪▪ ▪▪▪▪▪▪▪▪ ▪▪▪▪▪ ▪▪▪▪▪▪▪ ▪▪▪▪ ▪▪▪▪▪▪ ▪▪▪▪▪▪▪▪▪ ▪▪▪▪ ▪▪▪▪▪▪ ▪▪▪▪▪▪▪ ▪▪▪▪▪ ▪▪▪▪▪▪▪▪ ▪▪▪▪ ▪▪▪▪▪▪ ▪▪▪▪ ▪▪▪▪▪▪▪▪ ▪▪▪▪▪ ▪▪▪▪▪▪▪ ▪▪▪▪ ▪▪▪▪▪▪ ▪▪▪▪▪▪▪▪▪ ▪▪▪▪ ▪▪▪▪▪▪ ▪▪▪▪▪▪▪ ▪▪▪▪▪ ▪▪▪▪▪▪▪▪ ▪▪▪▪ ▪▪▪▪▪▪ ▪▪▪▪ ▪▪▪▪▪▪▪▪ ▪▪▪▪▪ ▪▪▪▪▪▪▪ ▪▪▪▪ ▪▪▪▪▪▪ ▪▪▪▪▪▪▪▪▪ ▪▪▪▪ ▪▪▪▪▪▪ ▪▪▪▪▪▪▪ ▪▪▪▪▪ ▪▪▪▪▪▪▪▪ ▪▪▪▪ ▪▪▪▪▪▪ ▪▪▪▪ ▪▪▪▪▪▪▪▪ ▪▪▪▪▪ ▪▪▪▪▪▪▪ ▪▪▪▪ ▪▪▪▪▪▪ ▪▪▪▪▪▪▪▪▪ ▪▪▪▪ ▪▪▪▪▪▪ ▪▪▪▪▪▪▪ ▪▪▪▪▪ ▪▪▪▪▪▪▪▪ ▪▪▪▪ ▪▪▪▪▪▪ ▪▪▪▪ ▪▪▪▪▪▪▪▪ ▪▪▪▪▪ ▪▪▪▪▪▪▪ ▪▪▪▪ ▪▪▪▪▪▪ ▪▪▪▪▪▪▪▪▪ ▪▪▪▪ ▪▪▪▪▪▪ ▪▪▪▪▪▪▪ ▪▪▪▪▪ ▪▪▪▪▪▪▪▪ ▪▪▪▪ ▪▪▪▪▪▪ ▪▪▪▪ ▪▪▪▪▪▪▪▪ ▪▪▪▪▪ ▪▪▪▪▪▪▪ ▪▪▪▪ ▪▪▪▪▪▪ ▪▪▪▪▪▪▪▪▪ ▪▪▪▪ ▪▪▪▪▪▪ ▪▪▪▪▪▪▪ ▪▪▪▪▪ ▪▪
2024年11月
公告
▪▪▪▪▪▪ ▪▪▪▪ ▪▪▪▪▪▪▪▪ ▪▪▪▪▪ ▪▪▪▪▪▪▪ ▪▪▪▪ ▪▪▪▪▪▪ ▪▪▪▪▪▪▪▪▪ ▪▪▪▪ ▪▪▪▪▪▪ ▪▪▪▪▪▪▪ ▪▪▪▪▪ ▪▪▪▪▪▪▪▪ ▪▪▪▪ ▪▪▪▪▪▪ ▪▪▪▪ ▪▪▪▪▪▪▪▪ ▪▪▪▪▪ ▪▪▪▪▪▪▪ ▪▪▪▪ ▪▪▪▪▪▪ ▪▪▪▪▪▪▪▪▪ ▪▪▪▪ ▪▪▪▪▪▪ ▪▪▪▪▪▪▪ ▪▪▪▪▪ ▪▪▪▪▪▪▪▪ ▪▪▪▪ ▪▪▪▪▪▪ ▪▪▪▪ ▪▪▪▪▪▪▪▪ ▪▪▪▪▪ ▪▪▪▪▪▪▪ ▪▪▪▪ ▪▪▪▪▪▪ ▪▪▪▪▪▪▪▪▪ ▪▪▪▪ ▪▪▪▪▪▪ ▪▪▪▪▪▪▪ ▪▪▪▪▪ ▪▪▪▪▪▪▪▪ ▪▪▪▪ ▪▪▪▪▪▪ ▪▪▪▪ ▪▪▪▪▪▪▪▪ ▪▪▪▪▪ ▪▪▪▪▪▪▪ ▪▪▪▪ ▪▪▪▪▪▪ ▪▪▪▪▪▪▪▪▪ ▪▪▪▪ ▪▪▪▪▪▪ ▪▪▪▪▪▪▪ ▪▪▪▪▪ ▪▪▪▪▪▪▪▪ ▪▪▪▪ ▪▪▪▪▪▪ ▪▪▪▪ ▪▪▪▪▪▪▪▪ ▪▪▪▪▪ ▪▪▪▪▪▪▪ ▪▪▪▪ ▪▪▪▪▪▪ ▪▪▪▪▪▪▪▪▪ ▪▪▪▪ ▪▪▪▪▪▪ ▪▪▪▪▪▪▪ ▪▪▪▪▪ ▪▪▪▪▪▪▪▪ ▪▪▪▪ ▪▪▪▪▪▪ ▪▪▪▪ ▪▪▪▪▪▪▪▪ ▪▪▪▪▪ ▪▪▪▪▪▪▪ ▪▪▪▪ ▪▪▪▪▪▪ ▪▪▪▪▪▪▪▪▪ ▪▪▪▪ ▪▪▪▪▪▪ ▪▪▪▪▪▪▪ ▪▪▪▪▪ ▪▪▪▪▪▪▪▪ ▪▪▪▪ ▪▪▪▪▪▪ ▪▪▪▪ ▪▪▪▪▪▪▪▪ ▪▪▪▪▪ ▪▪▪▪▪▪▪ ▪▪▪▪ ▪▪▪▪▪▪ ▪▪▪▪▪▪▪▪▪ ▪▪▪▪ ▪▪▪▪▪▪ ▪▪▪▪▪▪▪ ▪▪▪▪▪ ▪▪
2024年11月
公告
▪▪▪▪▪▪ ▪▪▪▪ ▪▪▪▪▪▪▪▪ ▪▪▪▪▪ ▪▪▪▪▪▪▪ ▪▪▪▪ ▪▪▪▪▪▪ ▪▪▪▪▪▪▪▪▪ ▪▪▪▪ ▪▪▪▪▪▪ ▪▪▪▪▪▪▪ ▪▪▪▪▪ ▪▪▪▪▪▪▪▪ ▪▪▪▪ ▪▪▪▪▪▪ ▪▪▪▪ ▪▪▪▪▪▪▪▪ ▪▪▪▪▪ ▪▪▪▪▪▪▪ ▪▪▪▪ ▪▪▪▪▪▪ ▪▪▪▪▪▪▪▪▪ ▪▪▪▪ ▪▪▪▪▪▪ ▪▪▪▪▪▪▪ ▪▪▪▪▪ ▪▪▪▪▪▪▪▪ ▪▪▪▪ ▪▪▪▪▪▪ ▪▪▪▪ ▪▪▪▪▪▪▪▪ ▪▪▪▪▪ ▪▪▪▪▪▪▪ ▪▪▪▪ ▪▪▪▪▪▪ ▪▪▪▪▪▪▪▪▪ ▪▪▪▪ ▪▪▪▪▪▪ ▪▪▪▪▪▪▪ ▪▪▪▪▪ ▪▪▪▪▪▪▪▪ ▪▪▪▪ ▪▪▪▪▪▪ ▪▪▪▪ ▪▪▪▪▪▪▪▪ ▪▪▪▪▪ ▪▪▪▪▪▪▪ ▪▪▪▪ ▪▪▪▪▪▪ ▪▪▪▪▪▪▪▪▪ ▪▪▪▪ ▪▪▪▪▪▪ ▪▪▪▪▪▪▪ ▪▪▪▪▪ ▪▪▪▪▪▪▪▪ ▪▪▪▪ ▪▪▪▪▪▪ ▪▪▪▪ ▪▪▪▪▪▪▪▪ ▪▪▪▪▪ ▪▪▪▪▪▪▪ ▪▪▪▪ ▪▪▪▪▪▪ ▪▪▪▪▪▪▪▪▪ ▪▪▪▪ ▪▪▪▪▪▪ ▪▪▪▪▪▪▪ ▪▪▪▪▪ ▪▪▪▪▪▪▪▪ ▪▪▪▪ ▪▪▪▪▪▪ ▪▪▪▪ ▪▪▪▪▪▪▪▪ ▪▪▪▪▪ ▪▪▪▪▪▪▪ ▪▪▪▪ ▪▪▪▪▪▪ ▪▪▪▪▪▪▪▪▪ ▪▪▪▪ ▪▪▪▪▪▪ ▪▪▪▪▪▪▪ ▪▪▪▪▪ ▪▪▪▪▪▪▪▪ ▪▪▪▪ ▪▪▪▪▪▪ ▪▪▪▪ ▪▪▪▪▪▪▪▪ ▪▪▪▪▪ ▪▪▪▪▪▪▪ ▪▪▪▪ ▪▪▪▪▪▪ ▪▪▪▪▪▪▪▪▪ ▪▪▪▪ ▪▪▪▪▪▪ ▪▪▪▪▪▪▪ ▪▪▪▪▪ ▪▪
2024年11月
关于北京市律师协会公告
▪▪▪▪▪▪ ▪▪▪▪ ▪▪▪▪▪▪▪▪ ▪▪▪▪▪ ▪▪▪▪▪▪▪ ▪▪▪▪ ▪▪▪▪▪▪ ▪▪▪▪▪▪▪▪▪ ▪▪▪▪ ▪▪▪▪▪▪ ▪▪▪▪▪▪▪ ▪▪▪▪▪ ▪▪▪▪▪▪▪▪ ▪▪▪▪ ▪▪▪▪▪▪ ▪▪▪▪ ▪▪▪▪▪▪▪▪ ▪▪▪▪▪ ▪▪▪▪▪▪▪ ▪▪▪▪ ▪▪▪▪▪▪ ▪▪▪▪▪▪▪▪▪ ▪▪▪▪ ▪▪▪▪▪▪ ▪▪▪▪▪▪▪ ▪▪▪▪▪ ▪▪▪▪▪▪▪▪ ▪▪▪▪ ▪▪▪▪▪▪ ▪▪▪▪ ▪▪▪▪▪▪▪▪ ▪▪▪▪▪ ▪▪▪▪▪▪▪ ▪▪▪▪ ▪▪▪▪▪▪ ▪▪▪▪▪▪▪▪▪ ▪▪▪▪ ▪▪▪▪▪▪ ▪▪▪▪▪▪▪ ▪▪▪▪▪ ▪▪▪▪▪▪▪▪ ▪▪▪▪ ▪▪▪▪▪▪ ▪▪▪▪ ▪▪▪▪▪▪▪▪ ▪▪▪▪▪ ▪▪▪▪▪▪▪ ▪▪▪▪ ▪▪▪▪▪▪ ▪▪▪▪▪▪▪▪▪ ▪▪▪▪ ▪▪▪▪▪▪ ▪▪▪▪▪▪▪ ▪▪▪▪▪ ▪▪▪▪▪▪▪▪ ▪▪▪▪ ▪▪▪▪▪▪ ▪▪▪▪ ▪▪▪▪▪▪▪▪ ▪▪▪▪▪ ▪▪▪▪▪▪▪ ▪▪▪▪ ▪▪▪▪▪▪ ▪▪▪▪▪▪▪▪▪ ▪▪▪▪ ▪▪▪▪▪▪ ▪▪▪▪▪▪▪ ▪▪▪▪▪ ▪▪▪▪▪▪▪▪ ▪▪▪▪ ▪▪▪▪▪▪ ▪▪▪▪ ▪▪▪▪▪▪▪▪ ▪▪▪▪▪ ▪▪▪▪▪▪▪ ▪▪▪▪ ▪▪▪▪▪▪ ▪▪▪▪▪▪▪▪▪ ▪▪▪▪ ▪▪▪▪▪▪ ▪▪▪▪▪▪▪ ▪▪▪▪▪ ▪▪▪▪▪▪▪▪ ▪▪▪▪ ▪▪▪▪▪▪ ▪▪▪▪ ▪▪▪▪▪▪▪▪ ▪▪▪▪▪ ▪▪▪▪▪▪▪ ▪▪▪▪ ▪▪▪▪▪▪ ▪▪▪▪▪▪▪▪▪ ▪▪▪▪ ▪▪▪▪▪▪ ▪▪▪▪▪▪▪ ▪▪▪▪▪ ▪▪▪▪▪▪▪▪ ▪▪▪▪ ▪▪▪▪▪▪ ▪▪▪▪ ▪▪▪▪▪▪▪▪ ▪▪▪▪▪ ▪▪▪▪▪
注销公告
▪▪▪▪▪▪ ▪▪▪▪ ▪▪▪▪▪▪▪▪ ▪▪▪▪▪ ▪▪▪▪▪▪▪ ▪▪▪▪ ▪▪▪▪▪▪ ▪▪▪▪▪▪▪▪▪ ▪▪▪▪ ▪▪▪▪▪▪ ▪▪▪▪▪▪▪ ▪▪▪▪▪ ▪▪▪▪▪▪▪▪ ▪▪▪▪ ▪▪▪▪▪▪ ▪▪▪▪ ▪▪▪▪▪▪▪▪ ▪▪▪▪▪ ▪▪▪▪▪▪▪ ▪▪▪▪ ▪▪▪▪▪▪ ▪▪▪▪▪▪▪▪▪ ▪▪▪▪ ▪▪▪▪▪▪ ▪▪▪▪▪▪▪ ▪▪▪▪▪ ▪▪▪▪▪▪▪▪ ▪▪▪▪ ▪▪▪▪▪▪ ▪▪▪▪ ▪▪▪▪▪▪▪▪ ▪▪▪▪▪ ▪▪▪▪▪▪▪ ▪▪▪▪ ▪▪▪▪▪▪ ▪▪▪▪▪▪▪▪▪ ▪▪▪▪ ▪▪▪▪▪▪ ▪▪▪▪▪▪▪ ▪▪▪▪▪ ▪▪▪▪▪▪▪▪ ▪▪▪▪ ▪▪▪▪▪▪ ▪▪▪▪ ▪▪▪▪▪▪▪▪ ▪▪▪▪▪ ▪▪▪▪▪▪▪ ▪▪▪▪ ▪▪▪▪▪▪ ▪▪▪▪▪▪▪▪▪ ▪▪▪▪ ▪▪▪▪▪▪ ▪▪▪▪▪▪▪ ▪▪▪▪▪ ▪▪▪▪▪▪▪▪ ▪▪▪▪ ▪▪▪▪▪▪ ▪▪▪▪ ▪▪▪▪▪▪▪▪ ▪▪▪▪▪ ▪▪▪▪▪▪▪ ▪▪▪▪ ▪▪▪▪▪▪ ▪▪▪▪▪▪▪▪▪ ▪▪▪▪ ▪▪▪▪▪▪ ▪▪▪▪▪▪▪ ▪▪▪▪▪ ▪▪▪▪▪▪▪▪ ▪▪▪▪ ▪▪▪▪▪▪ ▪▪▪▪ ▪▪▪▪▪▪▪▪ ▪▪▪▪▪ ▪▪▪▪▪▪▪ ▪▪▪▪ ▪▪▪▪▪▪ ▪▪▪▪▪▪▪▪▪ ▪▪▪▪ ▪▪▪▪▪▪ ▪▪▪▪▪▪▪ ▪▪▪▪▪ ▪▪▪▪▪▪▪▪ ▪▪▪▪ ▪▪▪▪▪▪ ▪▪▪▪ ▪▪▪▪▪▪▪▪ ▪▪▪▪▪ ▪▪▪▪▪▪▪ ▪▪▪▪ ▪▪▪▪▪▪ ▪▪▪▪▪▪▪▪▪ ▪▪▪▪ ▪▪▪▪▪▪ ▪▪▪▪▪▪▪ ▪▪▪▪▪ ▪▪
2024年11月
注销公告
▪▪▪▪▪▪ ▪▪▪▪ ▪▪▪▪▪▪▪▪ ▪▪▪▪▪ ▪▪▪▪▪▪▪ ▪▪▪▪ ▪▪▪▪▪▪ ▪▪▪▪▪▪▪▪▪ ▪▪▪▪ ▪▪▪▪▪▪ ▪▪▪▪▪▪▪ ▪▪▪▪▪ ▪▪▪▪▪▪▪▪ ▪▪▪▪ ▪▪▪▪▪▪ ▪▪▪▪ ▪▪▪▪▪▪▪▪ ▪▪▪▪▪ ▪▪▪▪▪▪▪ ▪▪▪▪ ▪▪▪▪▪▪ ▪▪▪▪▪▪▪▪▪ ▪▪▪▪ ▪▪▪▪▪▪ ▪▪▪▪▪▪▪ ▪▪▪▪▪ ▪▪▪▪▪▪▪▪ ▪▪▪▪ ▪▪▪▪▪▪ ▪▪▪▪ ▪▪▪▪▪▪▪▪ ▪▪▪▪▪ ▪▪▪▪▪▪▪ ▪▪▪▪ ▪▪▪▪▪▪ ▪▪▪▪▪▪▪▪▪ ▪▪▪▪ ▪▪▪▪▪▪ ▪▪▪▪▪▪▪ ▪▪▪▪▪ ▪▪▪▪▪▪▪▪ ▪▪▪▪ ▪▪▪▪▪▪ ▪▪▪▪ ▪▪▪▪▪▪▪▪ ▪▪▪▪▪ ▪▪▪▪▪▪▪ ▪▪▪▪ ▪▪▪▪▪▪ ▪▪▪▪▪▪▪▪▪ ▪▪▪▪ ▪▪▪▪▪▪ ▪▪▪▪▪▪▪ ▪▪▪▪▪ ▪▪▪▪▪▪▪▪ ▪▪▪▪ ▪▪▪▪▪▪ ▪▪▪▪ ▪▪▪▪▪▪▪▪ ▪▪▪▪▪ ▪▪▪▪▪▪▪ ▪▪▪▪ ▪▪▪▪▪▪ ▪▪▪▪▪▪▪▪▪ ▪▪▪▪ ▪▪▪▪▪▪ ▪▪▪▪▪▪▪ ▪▪▪▪▪ ▪▪▪▪▪▪▪▪ ▪▪▪▪ ▪▪▪▪▪▪ ▪▪▪▪ ▪▪▪▪▪▪▪▪ ▪▪▪▪▪ ▪▪▪▪▪▪▪ ▪▪▪▪ ▪▪▪▪▪▪ ▪▪▪▪▪▪▪▪▪ ▪▪▪▪ ▪▪▪▪▪▪ ▪▪▪▪▪▪▪ ▪▪▪▪▪ ▪▪▪▪▪▪▪▪ ▪▪▪▪ ▪▪▪▪▪▪ ▪▪▪▪ ▪▪▪▪▪▪▪▪ ▪▪▪▪▪ ▪▪▪▪▪▪▪ ▪▪▪▪ ▪▪▪▪▪▪ ▪▪▪▪▪▪▪▪▪ ▪▪▪▪ ▪▪▪▪▪▪ ▪▪▪▪▪▪▪ ▪▪▪▪▪ ▪▪
2024年11月
债权申报公告
▪▪▪▪▪▪ ▪▪▪▪ ▪▪▪▪▪▪▪▪ ▪▪▪▪▪ ▪▪▪▪▪▪▪ ▪▪▪▪ ▪▪▪▪▪▪ ▪▪▪▪▪▪▪▪▪ ▪▪▪▪ ▪▪▪▪▪▪ ▪▪▪▪▪▪▪ ▪▪▪▪▪ ▪▪▪▪▪▪▪▪ ▪▪▪▪ ▪▪▪▪▪▪ ▪▪▪▪ ▪▪▪▪▪▪▪▪ ▪▪▪▪▪ ▪▪▪▪▪▪▪ ▪▪▪▪ ▪▪▪▪▪▪ ▪▪▪▪▪▪▪▪▪ ▪▪▪▪ ▪▪▪▪▪▪ ▪▪▪▪▪▪▪ ▪▪▪▪▪ ▪▪▪▪▪▪▪▪ ▪▪▪▪ ▪▪▪▪▪▪ ▪▪▪▪ ▪▪▪▪▪▪▪▪ ▪▪▪▪▪ ▪▪▪▪▪▪▪ ▪▪▪▪ ▪▪▪▪▪▪ ▪▪▪▪▪▪▪▪▪ ▪▪▪▪ ▪▪▪▪▪▪ ▪▪▪▪▪▪▪ ▪▪▪▪▪ ▪▪▪▪▪▪▪▪ ▪▪▪▪ ▪▪▪▪▪▪ ▪▪▪▪ ▪▪▪▪▪▪▪▪ ▪▪▪▪▪ ▪▪▪▪▪▪▪ ▪▪▪▪ ▪▪▪▪▪▪ ▪▪▪▪▪▪▪▪▪ ▪▪▪▪ ▪▪▪▪▪▪ ▪▪▪▪▪▪▪ ▪▪▪▪▪ ▪▪▪▪▪▪▪▪ ▪▪▪▪ ▪▪▪▪▪▪ ▪▪▪▪ ▪▪▪▪▪▪▪▪ ▪▪▪▪▪ ▪▪▪▪▪▪▪ ▪▪▪▪ ▪▪▪▪▪▪ ▪▪▪▪▪▪▪▪▪ ▪▪▪▪ ▪▪▪▪▪▪ ▪▪▪▪▪▪▪ ▪▪▪▪▪ ▪▪▪▪▪▪▪▪ ▪▪▪▪ ▪▪▪▪▪▪ ▪▪▪▪ ▪▪▪▪▪▪▪▪ ▪▪▪▪▪ ▪▪▪▪▪▪▪ ▪▪▪▪ ▪▪▪▪▪▪ ▪▪▪▪▪▪▪▪▪ ▪▪▪▪ ▪▪▪▪▪▪ ▪▪▪▪▪▪▪ ▪▪▪▪▪ ▪▪▪▪▪▪▪▪ ▪▪▪▪ ▪▪▪▪▪▪ ▪▪▪▪ ▪▪▪▪▪▪▪▪ ▪▪▪▪▪ ▪▪▪▪▪▪▪ ▪▪▪▪ ▪▪▪▪▪▪ ▪▪▪▪▪▪▪▪▪ ▪▪▪▪ ▪▪▪▪▪▪ ▪▪▪▪▪▪▪ ▪▪▪▪▪ ▪▪
2024年11月
债权申报公告
▪▪▪▪▪▪ ▪▪▪▪ ▪▪▪▪▪▪▪▪ ▪▪▪▪▪ ▪▪▪▪▪▪▪ ▪▪▪▪ ▪▪▪▪▪▪ ▪▪▪▪▪▪▪▪▪ ▪▪▪▪ ▪▪▪▪▪▪ ▪▪▪▪▪▪▪ ▪▪▪▪▪ ▪▪▪▪▪▪▪▪ ▪▪▪▪ ▪▪▪▪▪▪ ▪▪▪▪ ▪▪▪▪▪▪▪▪ ▪▪▪▪▪ ▪▪▪▪▪▪▪ ▪▪▪▪ ▪▪▪▪▪▪ ▪▪▪▪▪▪▪▪▪ ▪▪▪▪ ▪▪▪▪▪▪ ▪▪▪▪▪▪▪ ▪▪▪▪▪ ▪▪▪▪▪▪▪▪ ▪▪▪▪ ▪▪▪▪▪▪ ▪▪▪▪ ▪▪▪▪▪▪▪▪ ▪▪▪▪▪ ▪▪▪▪▪▪▪ ▪▪▪▪ ▪▪▪▪▪▪ ▪▪▪▪▪▪▪▪▪ ▪▪▪▪ ▪▪▪▪▪▪ ▪▪▪▪▪▪▪ ▪▪▪▪▪ ▪▪▪▪▪▪▪▪ ▪▪▪▪ ▪▪▪▪▪▪ ▪▪▪▪ ▪▪▪▪▪▪▪▪ ▪▪▪▪▪ ▪▪▪▪▪▪▪ ▪▪▪▪ ▪▪▪▪▪▪ ▪▪▪▪▪▪▪▪▪ ▪▪▪▪ ▪▪▪▪▪▪ ▪▪▪▪▪▪▪ ▪▪▪▪▪ ▪▪▪▪▪▪▪▪ ▪▪▪▪ ▪▪▪▪▪▪ ▪▪▪▪ ▪▪▪▪▪▪▪▪ ▪▪▪▪▪ ▪▪▪▪▪▪▪ ▪▪▪▪ ▪▪▪▪▪▪ ▪▪▪▪▪▪▪▪▪ ▪▪▪▪ ▪▪▪▪▪▪ ▪▪▪▪▪▪▪ ▪▪▪▪▪ ▪▪▪▪▪▪▪▪ ▪▪▪▪ ▪▪▪▪▪▪ ▪▪▪▪ ▪▪▪▪▪▪▪▪ ▪▪▪▪▪ ▪▪▪▪▪▪▪ ▪▪▪▪ ▪▪▪▪▪▪ ▪▪▪▪▪▪▪▪▪ ▪▪▪▪ ▪▪▪▪▪▪ ▪▪▪▪▪▪▪ ▪▪▪▪▪ ▪▪▪▪▪▪▪▪ ▪▪▪▪ ▪▪▪▪▪▪ ▪▪▪▪ ▪▪▪▪▪▪▪▪ ▪▪▪▪▪ ▪▪▪▪▪▪▪ ▪▪▪▪ ▪▪▪▪▪▪ ▪▪▪▪▪▪▪▪▪ ▪▪▪▪ ▪▪▪▪▪▪ ▪▪▪▪▪▪▪ ▪▪▪▪▪ ▪▪
2024年11月
债权申报公告
▪▪▪▪▪▪ ▪▪▪▪ ▪▪▪▪▪▪▪▪ ▪▪▪▪▪ ▪▪▪▪▪▪▪ ▪▪▪▪ ▪▪▪▪▪▪ ▪▪▪▪▪▪▪▪▪ ▪▪▪▪ ▪▪▪▪▪▪ ▪▪▪▪▪▪▪ ▪▪▪▪▪ ▪▪▪▪▪▪▪▪ ▪▪▪▪ ▪▪▪▪▪▪ ▪▪▪▪ ▪▪▪▪▪▪▪▪ ▪▪▪▪▪ ▪▪▪▪▪▪▪ ▪▪▪▪ ▪▪▪▪▪▪ ▪▪▪▪▪▪▪▪▪ ▪▪▪▪ ▪▪▪▪▪▪ ▪▪▪▪▪▪▪ ▪▪▪▪▪ ▪▪▪▪▪▪▪▪ ▪▪▪▪ ▪▪▪▪▪▪ ▪▪▪▪ ▪▪▪▪▪▪▪▪ ▪▪▪▪▪ ▪▪▪▪▪▪▪ ▪▪▪▪ ▪▪▪▪▪▪ ▪▪▪▪▪▪▪▪▪ ▪▪▪▪ ▪▪▪▪▪▪ ▪▪▪▪▪▪▪ ▪▪▪▪▪ ▪▪▪▪▪▪▪▪ ▪▪▪▪ ▪▪▪▪▪▪ ▪▪▪▪ ▪▪▪▪▪▪▪▪ ▪▪▪▪▪ ▪▪▪▪▪▪▪ ▪▪▪▪ ▪▪▪▪▪▪ ▪▪▪▪▪▪▪▪▪ ▪▪▪▪ ▪▪▪▪▪▪ ▪▪▪▪▪▪▪ ▪▪▪▪▪ ▪▪▪▪▪▪▪▪ ▪▪▪▪ ▪▪▪▪▪▪ ▪▪▪▪ ▪▪▪▪▪▪▪▪ ▪▪▪▪▪ ▪▪▪▪▪▪▪ ▪▪▪▪ ▪▪▪▪▪▪ ▪▪▪▪▪▪▪▪▪ ▪▪▪▪ ▪▪▪▪▪▪ ▪▪▪▪▪▪▪ ▪▪▪▪▪ ▪▪▪▪▪▪▪▪ ▪▪▪▪ ▪▪▪▪▪▪ ▪▪▪▪ ▪▪▪▪▪▪▪▪ ▪▪▪▪▪ ▪▪▪▪▪▪▪ ▪▪▪▪ ▪▪▪▪▪▪ ▪▪▪▪▪▪▪▪▪ ▪▪▪▪ ▪▪▪▪▪▪ ▪▪▪▪▪▪▪ ▪▪▪▪▪ ▪▪▪▪▪▪▪▪ ▪▪▪▪ ▪▪▪▪▪▪ ▪▪▪▪ ▪▪▪▪▪▪▪▪ ▪▪▪▪▪ ▪▪▪▪▪▪▪ ▪▪▪▪ ▪▪▪▪▪▪ ▪▪▪▪▪▪▪▪▪ ▪▪▪▪ ▪▪▪▪▪▪ ▪▪▪▪▪▪▪ ▪▪▪▪▪ ▪▪
2024年11月
本版广告内容由刊登人负责，不作为任何合同及承担连带责任的依据。
